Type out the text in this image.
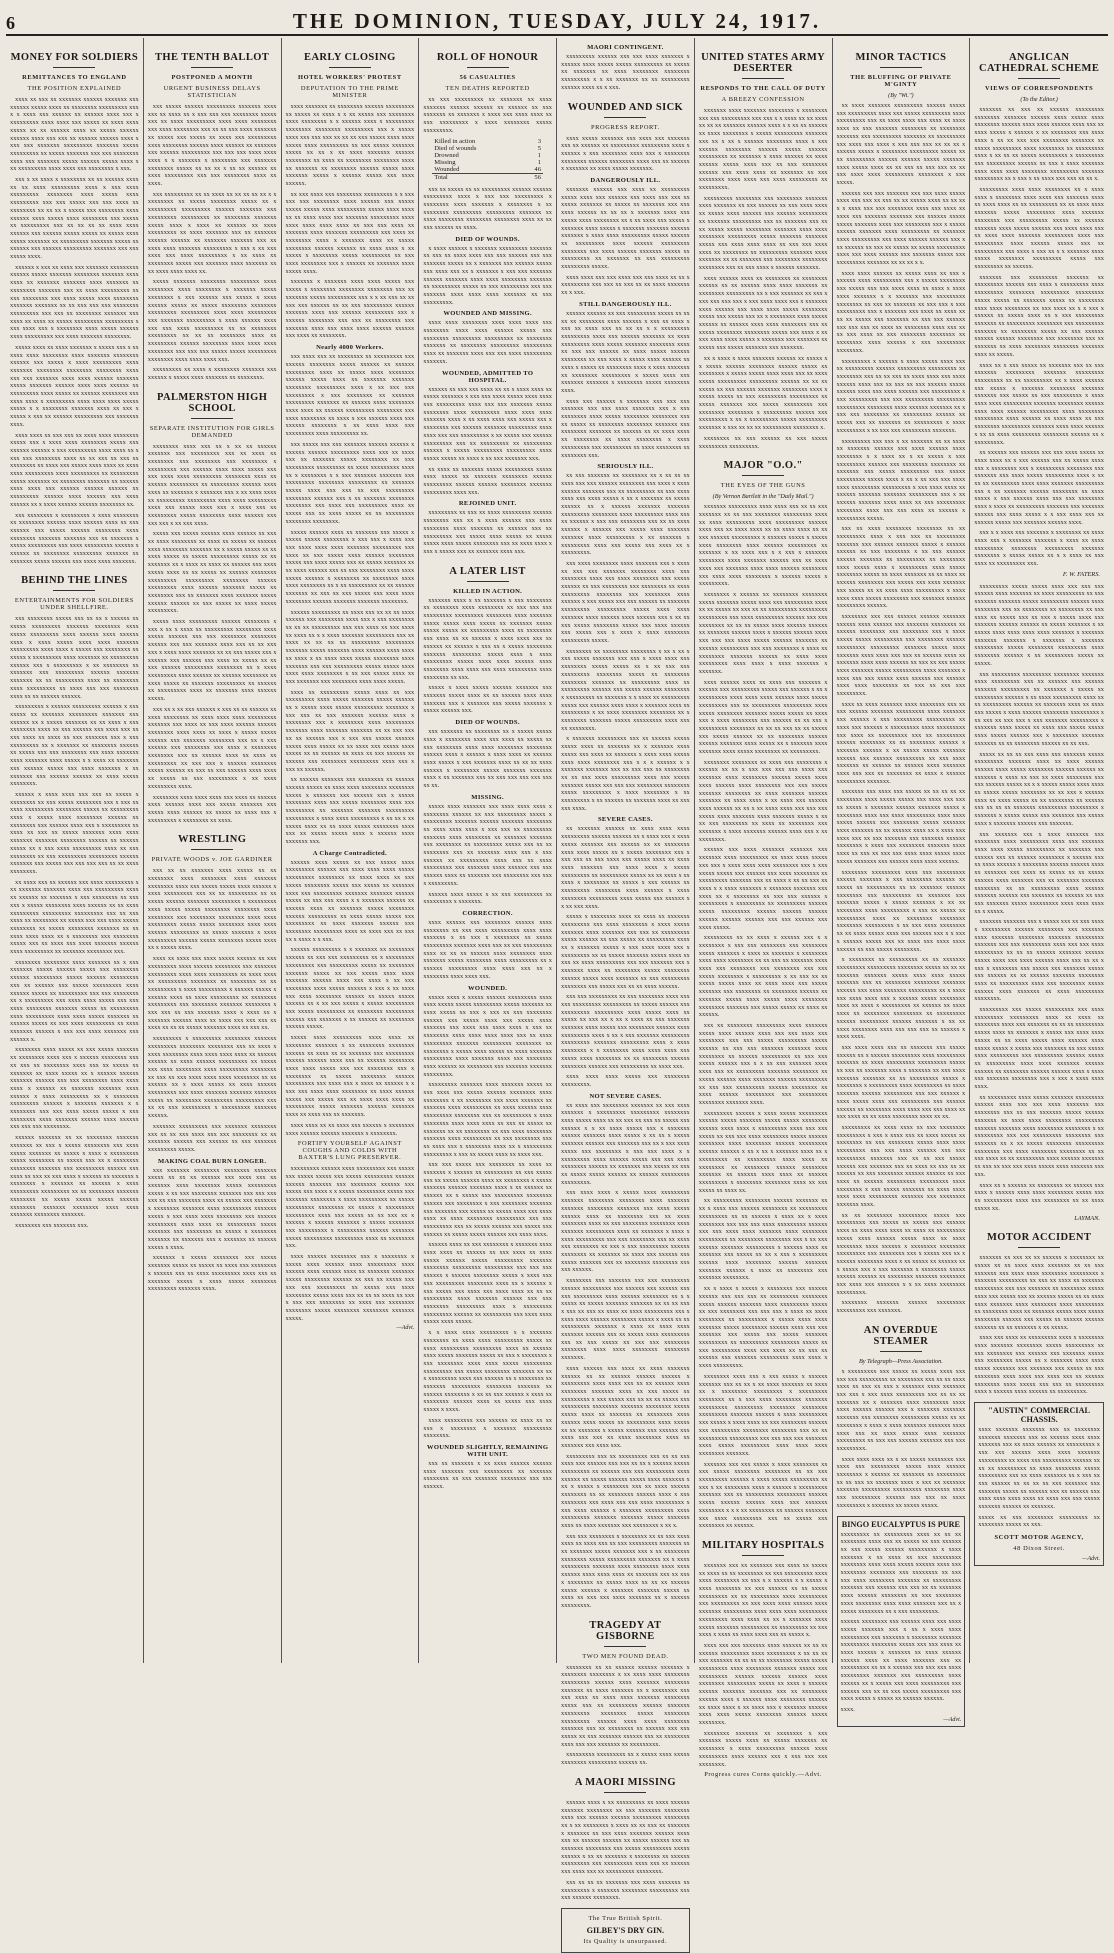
6	THE DOMINION, TUESDAY, JULY 24, 1917.
MONEY FOR SOLDIERS
REMITTANCES TO ENGLAND
THE POSITION EXPLAINED

xxxx xx xxx xx xxxxxxx xxxxxx xxxxxxx xxx xxxxxx xxxxx xxxx xx xxxxxxxx xxxxxxxxx xxx x x xxxx xxx xxxxxx xx xxxxxx xxxx xxx x xxxxxxxxx xxxx xxxx xxx xxxxx xx xxxx xxxx xxxxx xx xx xxxxxx xxxx xx xxxxx xxxxxx xxxxxx xxxx xxx xxx xx xxxxxx xxxxxx xxxx x xxx xxx xxxxxxx xxxxxxxxx xxxxxxx xxxxx xxxxxxxxx xx xxxxx xxxxxxx xxx xxx xxxxxxxx xxxx xxx xxxxxxx xxxxx xxxxxx xxxxx xxxx x xx xxxxxxxxx xxxx xxxx xxx xxxxxxxx x xxx.

xxx x xx xxxx x xxxxxxxx xx xx xxxxxx xxxx xx xx xxxx xxxxxxxxx xxxx x xxx xxxx xxxxxxxxx xxxxxxxx xxxx xxxxx xxxx xxxxxxxxx xxx xxx xxxxx xxx xxx xxxx xx xxxxxxxx xx xx xx x xxxxx xxx xxxxxxxx xxxx xxxxxx xxxx xxxxx xxxx xxxxxxxx xxx xxxxx xx xxxxxxxxx xxx xx xx xx xx xxxx xxxx xxxxxx xxx xxxxxx xxxxx xxxxx xx xxxxx xxxx xxxxx xxxxxxx xx xxxxxxxxx xxxxxxx xxxxx xx xxxxxx xxx xxxxxx xxxxxxxxx xxxxxxx xxx xxx xxxxx xxxx.

xxxxxx x xxx xx xxxx xxx xxxxxxx xxxxxxxxx xxxxxx xxxxx xxxxxxx xxxxxxxx xxxxxxx xxxx xxxx xx xxxxxxx xxxxxxx xxxx xxxxxxx xx xxxxxxxx xxxxxxx xxx xx xxxx xxxxxxxxx xx xxx xxxxxxxx xxx xxxx xxxxx xxxx xxxxxxxx xxxxxxx xxxxxxx xx xx xxx xxx xxx xxxxxxxx xxxxxxxxx xxx xxx xx xxxxxxxx xxxxxxx xxx xxxx xx xxxx xx xxxxx xxxxxxxxx xxxxxxxxx x xxx xxxx xxx x xxxxxxxx xxxx xxxxx xxxxxx xxxx xxxxxxxxx xxx xxxx xxxxxxx xxxxxxxx.

xxxxx xxxx xx xxxx xxxxxxx x xxxxx xxx x xx xxxx xxxx xxxxxxxx xxxx xxxxxxx xxxxxxxx xxxxxx xxx xxxxx x xxxx xxxxxxxxx xxxx xxxxxxx xxxxxxxx xxxxxxxx xxxxxxxx xxxx xxx xxx xxxxxxx xxxx xxxx xxxxxx xxxxxxx xxxxx xxxxxxx xxxxxx xxxx xxxx xxxxxx xx xxxxxxxxx xxxx xxxxx xx xxxxxx xxxxxxxx xxx xxxx xxxx x xxxxxxxxx xxxx xxxx xxxx xxxxx xxxxx x x xxxxxxxx xxxxxxx xxxx xx xxx x xxxxx x xxx xx xxxxxx xxxxxxxxx xxx xxxxxxx xxxx.

xxxx xxxx xx xxx xxx xx xxxx xxxx xxxxxxxx xxxxx xxx x xxxx xxxx xxxxxxxx xxxxx xxx xxxxxx xxxxxx x xxx xxxxxxxxx xxxx xxxx xx x xxx xxx xxxxxxxx xxxx xx xx xxx xx xxx xx xxxxxxxx xx xxxx xxx xxxxx xxxx xxxx xx xxxx xxxx xxxxxxxxx xxxx xxxxxxxxx xx xxxxxxxxx xxxxx xxxxxxx xx xxxxxxxx xxxxxxx xx xxxxxx xxxx xxxx xxx xxxxxx xxxxxx xxxxxx xx xxxxxxxxx xxxxxx xxxx xxxxxx xxx xxxx xxxxxx xx x xxxx xxxxxx xxxxxx xxxxxxxx xx.

xxx xxxxxxxx x xxxxxxxxx x xxxx xxxxxxxx xx xxxxxxxx xxxxxx xxxx xxxxxx xxxx xx xxx xxxxxx xxx xxxxx xxxxxx xxxxxxxx xxxx xxxxxxxx xxxxxxx xxxxxxx xxx xx xxxxxxx x xxxxx xxxxxxxxx xxx xxxx xxxxxxxxx xxxxxx x xxxxxx xx xxxxxxxx xxxxxxxxx xxxxxxx xx xxxxxxx xxxxx xxxxxx xxx xxxx xxxx xxxxxxx.

BEHIND THE LINES
ENTERTAINMENTS FOR SOLDIERS UNDER SHELLFIRE.

xxx xxxxxxxx xxxxx xxx xx xx x xxxxxx xx xxxxx xxxxxxxxx xxxxxxx xxxxxxxx xxxx xxxxx xxxxxxxxx xxxx xxxxxx xxxx xxxxxx xxxx x xxxx xxxxx xxxx xxxx xxxxxxx xxxxxxxxx xxxx xxxx x xxxxx xxx xxxxxxxx xx xxxxx x xxxxxxxxx xxxx xxxxxxx xx xxxxxxxxx xxxxxx xxx x xxxxxxxxx x xx xxxxxxxx xx xxxxxxx xxx xxxxxxxxx xxxxxx xxxxxxx xxxxxxx xx xx xxxxxxxxx xxxx xx xxxxxxxx xxxx xxxxxxxxx xx xxxx xxx xxx xxxxxxxx xxxx xx xx xxxxxx xxxxxx.

xxxxxxxxx x xxxxxx xxxxxxxxx xxxxxx x xxx xxxxx xx xxxxxxx xxxxxxxxx xxxxxxx xxx xxxxxx xx x xxxxx xxxxxxx xx xx xxxx x xxx xxxxxxxx xxxx xx xxx xxxxxx xxx xxxx xxx xx xxx xxxx xx xxxx xx xxx xxxxxxx xxx x xxx xxxxxxxxx xx x xxxxxxx xx xxxxxxxx xxxxxx xx xxxxx xxx xxx xxxxxxxx xxx xxxx xxxxxxx xxxx xxxxxxx xxxx xxxxx x x xxxx xx xxxxxxx xxx xxxxxx xxxxx xxx xxxx xxxxxxx x xx xxxxxxx xxx xxxxxx xxxxxx xx xxxx xxxxx xxxxxxxx.

xxxxxx x xxxx xxxx xxx xxx xx xxxxx x xxxxxxxx xx xxx xxxxx xxxxxxxx xxx x xxx xx xxxx xxxxxxxxx xxxxxxxx xxxxx xx xxxxxxxxx xxxx x xxxxx xxxx xxxxxxxx xxxxxx xx xxxxxxxx xxx xxxxxx xxxx xxx x xxxxxxxxx xx xxxx xx xxx xx xxxxx xxxxxxx xxxx xxxx xxxxxxx xxxxxxx xxxxxxxx xxxxxx xx xxxxxx xxxxx xx x xxx xxxx xxxxxxxxx xxxx xx xxx xxxxxxxx xx xxx xxxxxxxxx xxxxxxxxx xxxxxx xxxxxxx xxx xxxxx xxx xxx xxx xxx xx xx xxxx xxxxxxxx.

xx xxxx xxx xx xxxxxx xxx xxxx xxxxxxxxx x xx xxxxxxx xxxxxxx xxxx xxx xxxxxxxxx xxxx xx xxxxxx xx xxxxxxx x xxx xxxxxxxx xx xxx xxx x xxxxx xxxxxxxx xxxx xxxxxx xx xx xxxx xxxxxxxxx xxxxxxxxx xxxxxxxxx xxx xx xxx xxxx xx xxxxxxxx xx xxxxx xxx xxx xxxx xxxxx xxxxxxxx xx xxxxx xxxxxxxx xxxxxxx xx xx xxxx xxxx xxxx xx x xxxxxxxx xxx xxxxxxxx xxxxx xxx xx xxxx xxx xxxx xxxxxxx xxxxxx xxxx xxxxxxxxx xx xxxxxxx xxxxxxxx xxx.

xxxxxxxx xxxxxxxx xxxx xxxxxxx xx x xxx xxxxxxx xxxxx xxxxxx xxxxx xxx xxxxxxxx xxxxxx xxxxxxxxx xxxxx xxxxxx xxxxxxxxx xxx xx xxxxxx xxx xxxxx xxxxxxxxx xxxx xxxxxx xxxxx xx xxxxxxxxx xxx xxx xxxxxxxx xx x xxxxxxxxx xxx xxxx xxxx xxxxx xxx xxx xxxx xxxxxxxx xxxxxxx xxxxx xx xxxxxxxxx xxxx xxxxxxxxx xxxx xxxx xxxxx xxxxxxx xx xxxxxx xxxxx xx xxx xxxx xxxxxxxxx xx xxxx xxxxxxx xxxxxx x xxx xxx xxxx xxxxxxx xxx xxxxxx x.

xxxxxxxx xxxx xxxxx xx xxx xxxxx xxxxxxx xx xxxxxxxx xxxx xxx x xxxxxx xxxxxxxx xxx xx xxx xx xxxxxxxx xxxx xxx xx xxxxx xx xxxxxxx xx xxxx xxxxx xx x xxxxxx xxxxxx xxxxxxx xxxxxx xxx xxx xxxxxxxx xxxx xxxx xxxx x xxxxxx xx xxxxxxx xxxxxxx xxxx xxxxxx x xxxx xxxxxxxxx xx x xxxxxxxx xxxxxxxxx xxxxxx x xxxxxxx xxxxxxx x x xxxxxxxx xxx xxx xxxx xxxxx xxxxx x xxx xxxxxxxx xxxx xxxxxxx xxxxxx xxxx xxxxxx xxx xxx xxx xxxxxxxx.

xxxxxx xxxxxxx xx xx xxxxxxxx xxxxxxx xxxxxxx xx xxx x xxxxx xxxxxxxx xxx xxxx xxxxx xxxxxxx xx xxxxx x xxxx x xxxxxxxxx xxxxx xxxxxxxx xx xxxxx xxx xx x xxxxxxxx xxxxxxxx xxxxxxx xxx xxxxxxxxx xxxxxx xxx xxxx xx xxx xx xxx xxxx x xxxxxx xx xxxxxxx x xxxxxxxx x xxxxxxx xx xxxxxx x xxxx xxxxxxxxx xxxxxxxxx xx xx xxxxxxxx xxxxxxx xxxxxxxx xx xxxxx xxxxx xxxxx xxxxxx xxxxxxxx xxxxxxx xxxxxxxx xxxx xxxx xxxxxxx xxxxxxxx xxxxxxx.

xxxxxxxx xxx xxxxxxx xxx.

THE TENTH BALLOT
POSTPONED A MONTH
URGENT BUSINESS DELAYS STATISTICIAN

xxx xxxxx xxxxxx xxxxxxxxx xxxxxxx xxxx xxx xx xxxx xx x xxx xxx xxx xxxxxxxx xxxxx xxx xx xxxx xxxxxxxxx xxxx xxxx xxxxxxxx xxx xxxx xxxxxxxx xxx xx xx xxx xxxx xxxxxxx xx xxxxx xxx xxxxx xx xxxx xxx xxxxxxxxx xxxx xxxxxxxx xxxxxx xxxx xxxxxx xx xxxxxxx xxx xxxxxx xxxxxxxxx xxx xxx xxx xxxx xxxx xxxx x x xxxxxxx x xxxxxxxx xxx xxxxxxx xxxxxxxx xxxxx xx xx xx x xx xx xxxxxx xx xxxx xxxxxxxxx xxx xxx xxxxxxxx xxxx xx xxxx.

xxx xxxxxxxxx xx xx xxxx xx xx xx xx xx x x xxxxxxxx xx xxxxx xxxxxxxx xxxxx xx x xxxxxxxxx xxxxxxxxx xxxxxx xxxxxxx xxx xxxxxxxxx xxxxxxxxx xx xxxxxxxx xxxxxxx xxxxx xxxx x xxxx xx xxxxxx xx xxxx xxxxxxxxx xx xxxx xxxxxxx xxx xx xxxxxxx xxxxxx xxxxxx xx xxxxxxx xxxxxxx xxx xx xxxx xxxx xxxxxxx xxxxxxxxx x xxx x xx xxx xxxx xxx xxxx xxxxxxxxx x xx xxxx xx xxxxxxxx xxxxx xxx xxxxxxx xxxx xxxxxxx xx xx xxxx xxxx xxxx xx.

xxxxx xxxxxxx xxxxxxxx xxxxxxxxx xxxx xxxxxxxx xxxx xxxxxxxx x xxxxxxx xxxxx xxxxxxxx x xxx xxxxxx xxx xxxxx x xxxx xxxxxx xxxxx xx xxxxx xxxxxxxx xxxxxxxx xxxxxxxxx xxxxxxxxx xxxx xxxx xxxxxxxxx xxx xxxxxxx xxxxxxxxx x xxxx xxxxxx xxxx xxx xxx xxxx xxxxxxxxx xx xx xxxxxxxx xxxxxxxxx xx xx xx xxxxxxxx xxxx xx xxxxxxxxx xxxxxx xxxxxxxx xxxx xxxx xxxx xxxxxxxx xxx xxx xxx xxxxx xxxxx xxxxxxxxx xxxxxxxx xxxx xxxx xxxx xxx.

xxxxxxxxx xx xxxx x xxxxxxxx xxxxxxx xxx xxxxxx x xxxxx xxxx xxxxxxx xx xxxxxxxx.

PALMERSTON HIGH SCHOOL
SEPARATE INSTITUTION FOR GIRLS DEMANDED

xxxxxxxx xxxx xxx xx x xx xx xxxxxx xxxxxxx xxx xxxxxxxxx xxx xx xxxx xx xxxxxxxx xxx xxxxxxxx xxx xxxxxxxx x xxxxxxxxx xxx xxxxxx xxxx xxxx xxxxx xxx xxx xxxx xxxx xxxxxxxxx xxxxxxxx xxxx xx xxxxxx xxxxxxxxx xx xxxxxxxxx xxxxxx xxxx xxxx xx xxxxxxx x xxxxxxx xxx x xx xxxx xxxx xx xxxxxxxxx xxxxxxxxx xxxx xxxx xxxxxxxxx xxxx xxx xxxxx xxxx xxx x xxxx xxx xx xxxxxxxxx xxxxx xxxxxxxx xxxx xxxxxx xxx xxx xxx x xx xxx xxxx.

xxxxx xxx xxxxx xxxxxx xxxx xxxxxx xx xxx xx xxxx xxxxxxxx xx xxxx xx xxxxx xx xxxxxx xxxx xxxxxxxx xxxxxxx xx x xxxxx xxxxx xx xx xxxx xxxxx xx xxxxx xxxxxxxxx xxxxx xx xx xxxxxxx xx x xxxx xx xxxx xx xxxxxx xxx xxxx xxxxx xxxx xx xx xxxxx xx xxxxxx xxxxxxxx xxxxxxxxx xxxxxxxxx xxxxxxxx xxxxxx xxxxxxxxx xxxx xxxxxx xxxxxxx xxxxx xx xxxxxxxx xxx xx xxxxxxx xxxx xxxxxxx xxxxx xxxxxx xxxxxx xx xxx xxxxx xx xxxx xxxxx xxxxxxxxx.

xxxxx xxxx xxxxxxxxx xxxxxx xxxxxxxx x xxx x xx x xxxx xx xxxxxxxxx xxxxxxxx xxxx xxxxx xxxxxx xxx xxx xxxxxxxx xxxxxxxx xxxxxx xxx xxx xxxxxxx xxxx xxx xx xx xxx xxx x xxxx xxxx xxxxxxx xx xx xxx xxxxx xxx x xxxxxx xxx xxxxxx xxx xxxx xx xxxxx xx xx xxx xxxxxx xxxxxxxxx xxxxxxxx xx x xxxx xxxxxxxxx xxxx xxxxxx xx xxxxxx xxxxxxxx xx xxxx xxxxx xx xxxxxxx xxxxxxxxx xx xxxxxx xx xxxxxxxxx xxxx xx xxxxxxx xxxx xxxxxx xxxxx.

xxx xx x xx xxx xxxxxx x xxx xx xx xxxxxx xx xxxx xxxxxxxx xx xxxx xxxx xxxx xxxxxxxxx xxxxxxx xxx xxxx xx xxx xxxx xxxxxx xxxxxx xxxxxxxx xxxx xxxx xx xxxx x xxxxx xxxxx xxxxxx xxx xxxxxxx xxxxxxxx xxx xx x xxx xxxxxx xxx xxxxxxxx xxx xxxx x xxxxxxxx xxxxxxxx xxx xx xxxxxx xxxx xx xxxx xx xxxxxxxxx xx xxx xxx x xxxxxx xxxxxxxx xxxxx xxxxxx xx xxx xx xxx xxxxxx xxxx xxxx xx xxxxx xx xxx xxxxxxxxx x xx xxxx xxxxxxxxx xxxx.

xxxxxxxx xxxx xxxx xxxx xxx xxxx xx xxxxxx xxxx xxxxxx xxxx xxx xxxxx xxxxxxx xxx xxxxx xxxx xxxxxx xx xxxxx xx xxxx xxx x xxxxxxxxx x xxxxxxxx xx xxxx.

WRESTLING
PRIVATE WOODS v. JOE GARDINER

xxx xx xx xxxxxxx xxxx xxxxx xx xx xxxxxxxx xxxx xxxxxxxx xxxx xxxxxxx xxxxxxxx xxxx xxx xxxxx xxxxx xxxx xxxxxx x xxxx xxxxxxxxx xxx xx xx xxxxxxxxx xx xx xxxxx xxxxxx xxxxxxx xxxxxxxxx x xxxxxxxxx xxxx xxxxx xxxxx xxxxxxxx xxxxxxxx xxxx xxxxxxxx xxx xxxxxxxx xxxxxxxx xxxx xxxx xxxxxxxxx xxxxx xxxxx xxxxxxxx xxxx xxxx xxxxxx xxxxxxxxx xx xxxxx xxxxxxx x xxxx xxxxxxxxx xxxxxx xxxxx xxxxxxxx xxxxx xxxx xx x xxxxx xxxx.

xxxx xx xxxx xxx xxxx xxxxx xxxxxx xx xxx xxxxxxxxx xxxx xxxxxx xxxxxxxx xxx xxxxxxx xxxxxxxxx xxxx xxxx xxxxxxxxx xx xxxx xxxx xx xxxxxxxxx xxxxxxxx xx xxxxxxxx xx xx xxxxxxxxx x xxxx xxxxxxxxx x xxxxxx xxxxx x xxxxxx xxxx xx xxxx xxxxxxxxx xx xxxxxxxx xxxxxxxxx xxx xxxxxxxx xxxxxxx xxxxxxxx x xxx xxx xx xxx xxxxxxx xxxx x xxxx xx x xxxxxxx xxxxxx xxxx xx xxxx xxx xxx xxx xx xxxx xx xx xx xxxxx xxxxxxx xxxx xx xxx xx.

xxxxxxxxx x xxxxxxxxx xxxxxxxx xxxxxxx xxxxxxxxx xxxxxxxx xxxxxxxx xxx xx xxxx x xxxx xxxxxxxx xxxx xxxx xxxx xxxx xx xxxxxx xxxxxx xx xxxx xxxxxx xxxxxxxxx xx xxxxx xxx xxxx xxxxxxxx xxxx xxxxxxxxx xxxxxxxx xx xxx xx xxx xxxx xxxx xxxx xxxxxxxx xx xx xxxxxx xx x xxxx xxxxx xx xxxx xxxxxx xxxxxxxxx xxx xxxx xxxxxxx xxxxxxx xxxxxxx xxxxx xx xxxxxxxx xxxxxxxxx xxxxxxxxx xxx xx xx xxx xxxxxxxxx x xxxxxxxxx xxxxxxx xxxxxx.

xxxxxxx xxxxxxxxx xxx xxxxxxx xxxxxxxx xxx xx xx xxx xxxx xxx xxx xxxxxxxx xx xx xxxxxxx xxxxxx xxx xxxxxx xx xxx xxxxxxx xxxxxxxxx xxxxx.

MAKING COAL BURN LONGER.

xxx xxxxxxx xxxxxxxx xxxxxxxx xxxxxxx xxxxx xx xx xx xxxxxx xxx xxxx xxx xx xxxxxxx xxxx xxxxxxxx xxxxx xxxxxxxxx xxxxx x xx xxx xxxxxxxx xxxxxxx xxx xxx xxx xxx xx xxx xxxxxxx xxxx xx xxxxx xxx xxxxxxx x xxxxxxxx xxxxxxx xxxx xxxxxxxxx xxxxxxx xxxxx x xxx xxxx xxxx xxxxxxxx xxx xxxxxx xxxxxxxxx xxxx xxxx xx xxxxxxxxx xxxxx xxxxxxx xxx xxxxxxxx xx xxxxx x xxxxxxxx xxxxxxx xx xxxxxxx xxx x xxxxxxx xx xxxxxx xxxxx x xxxx.

xxxxxxx x xxxxx xxxxxxxx xxx xxxxx xxxxxxx xxxxx xx xxxxx xx xxxx xxx xxxxxxxx x xxxxxx xxx xx xxxx xxxxxxxxx xxxx xxx xx xxxxxxx xxxxx x xxxx xxxxx xxxxxxxx xxxxxxxxx xxxxxxx xxxx.

EARLY CLOSING
HOTEL WORKERS' PROTEST
DEPUTATION TO THE PRIME MINISTER

xxxx xxxxxxx xx xxxxxxxx xxxxxx xxxxxxxxx xx xxxxx xx xxxx x x xx xxxxx xxx xxxxxxxx xxxx xxxxxxxx x x xxxxxx xxxx x xxxxxxxxx xxxxxxxx xxxxxxxx xxxxxxxxx xxx x xxxxx xxxx xxx xxx xxx xx xx xx xxx xxxxx xxxx xxxx xxxxx xxxx xxxxxxxxx xx xxx xxxxx xxxxxxx xxxxx xx xx x xx xxxx xxxxxxx xxxxxx xxxxxxxx xx xxxx xx xxxxxxxx xxxxxxxx xxxx xx xxxxxxx xx xxxxxxxx xxxxxx xxxxx xxxx xxxxxxx xxxxx x xxxxxx xxxxx xxx xxxx xxxxxx.

xx xxx xxxx xxx xxxxxxxx xxxxxxxxx x x xxx xxx xxx xxxxxxxx xxxx xxxxxx xxx xxxxx xxxxx xxxxx xxxx xxxxxxxxx xxxxx xxxx xxxx xx xx xxxx xxxx xxx xxxxxxx xxxxxxxxx xxxx xxxx xxxx xxxx xxxx xx xxx xxx xxxx xx xxxxxxx xxxx xxxxxxx xxxxxxxxx xxx xxxx xx xxxxxxxx xxxx x xxxxxxx xxxx xx xxxxx xxxxxxxx xxxxxx xxxxxx xx xxxx xxxx x xx xxxxx x xxxxxxxx xxxxx xxxxxxxxx xx xxx xxxx xxxxxxxx xxx x xxxxxx xx xxxxxxx xxxx xxxxx xxxx.

xxxxxxx x xxxxxxx xxxx xxxx xxxxx xxx xxxxx x xxxxxxxx xxxxxxxx xxxxxxxx xxx xx xxxxxxx xxxxx xxxxxxxxx xxx x x xx xxx xx xx xxx xxx xxxxxx xx xx xxx xxxxxxxxx xxxxxx xxxxxxx xxxx xxx xxxxxx xxxxxxxxx xxx x xxxxxx xxxxxxxx xxx xxx xx xxxxxxxx xxx xxxxxxx xxxx xxx xxxx xxxx xxxxxx xxxxxx xxx xxxx xx xxxxxxxx.

Nearly 4000 Workers.

xxx xxxx xxx xx xxxxxxxx xx xxxxxxxxx xxx xxxxxx xxxxxxxx xxxxx xxxxxx xx xxxxxx xxxxxxxxx xxxx xx xxxxx xxxx xxxxxxxx xxxxxx xxxxx xxxx xx xxxxxxx xxxxxxx xxxxxxxx xxxxxxxxx xxxx x xx xxx xxx xxxxxxxxx x xxx xxxxxxxx xx xxxxxxx xxxxxxxxx xxxxxxx xx xxxxxx xxxx xxxxxxxx xxxx xxxx xx xxxxxx xxxxxxxxx xxxxxxxx xxx xxxx xxxxxxxx xx xxxx x xxx xxxxxx xxxx xxx xxxxxx xxxxxxxx x xx xxxx xxxx xxx xxxxxxxxx xxxx xxxxxxxxx xx.

xxx xxxxx xxx xxx xxxxxxx xxxxxx xxxxxx x xxxxxx xxxxxx xxxxxxxxx xxxx xxx xx xxxx xxx xx xxxxxxx xxxxx xxxxxxxx xx xxx xxxxxxxxx xxxxxxxxx xx xxxx xxxxxxxxx xxxx xx x xxxxxxxx x x xxx xxxxxxx xxxxxxx xxx xxxxxxxxx xxxxxxxx xxxxxxxxx xx xxxxxxx xxxxx xxxx xxx xxx xx xxx xxxxxxxxx xxxxxxxx xxxxxx xxx x xx xxxxxxx xxxxxxxx xxxxxxxx xxx xxxx xxx xxxxxxxxx xxxx xx xxxxx xxx xx xxxx xxxxx xx xx xxxxxxxxx xxxxxxxx xxxxxxxx.

xxxxx xxxxxx xxxx xx xxxxxxx xxx xxxxx x xxxxx xxxxx xxxxxxxx x xxx xxx x xxxx xxx xxx xxxx xxxx xxxx xxxxxxx xxxxxxxxx xxx xxxx xx xxx xxxxx xxxx xxxxxx xxxxxxxx xxxxx xxx xxxx xxxxx xxx xx xxxxx xxxxxxx xx xx xxxx xxxxxx xxx xx xxx xxxxxxxx xxxx xxxx xxxxx xxxxxx x xxxxxxxx xx xxxxxxxx xxxx xxxx xxxxxxxx xx x xx xxxxxxxxx xx xx xxxxxx xxxxxxx xx xxx xx xxx xxxxx xxx xxxx xxxx xxxxxxxx xxxxxx xxxxxxx xxxxxxx xxxxxxxx.

xxxxxx xxxxxxxxx xx xxxx xxx xx xx xx xxxx xxxxxx xxx xxxxxxxx xxxx xxx x xxx xxxxxxxx xx xx xx xxxxxxxxx xxx xxx xxxx xx xxx xxxx xx xxxx xx x x xxxx xxxxxxx xxxxxxxxx xxx xx xxxx xx xx xx xx xxxxxxxxx xxxxxxxxx xxxxxxx xxxxx xxxxxxx xxxx xxxxxx xxxx xxxx xx xxxx x xx xxxx xxxx xxxxx xxxxxxxx xxxx xxxxxxx xxx xxx xxxxxxxxx xxxxx xxxxx xxxx xxxx xxxx xxxxxxxx x xx xxx xxxxx xxxx xx xxx xxxxxxx xxx xxxxxxxx xxxx xxxx xxxxx.

xxxx xx xxxxxxxxx xxxxx xxxx xx xxx xxxxxxxxx xxxx xxxxx xxxxxxx xxxxx xxxxxx xx x xxxxx xxxx xxxxx xxxxxxxxx xxxxxxx x xxx xxx xx xxx xxxxxxx xxxxxx xxxx x xxxxxxxx xxx x xxxxxxxx xxxx xxxxxxxxx xxxxxxx xxxx xxxxxxx xxxxxxx xx xx xxx xxx xx xx xxxxxx xxx x xxx xxx xxxxx xxxxxx xxxxx xxxx xxxxx xx xx xxxx xxx xxxxx xxxx xxxxx xx xx xxxxxx xx xxxx xx xxx xxxxxx xx xxxxxx xxx xxxxxxxx xxxxxxxxx xxxx xxx x xxx xx xxxxxx.

xx xxxxxx xxxxxxx xxx xxxxxxxx xx xxxxxx xxxxxx xxxxx xx xxxx xxxx xxxxxxxx xxxxxxxx xxxxx x xxxxxxx xxx xxxxxx xxx x xxxxx xxxxxxxx xxxx xxx xxxxx xxxxxxxx xxxx xxx xxxxxxxxx xx xxxxxxx xxxxxxx xxxxxxxxx xxxxxxxxx x xxxx xxxx xxxxxxxxx x xx xx x xx xxxxx xxxx xx xx xxxx xxxxx xxxxxxxx xxxx xxx xx xxxxx xxxxx xxxx x xxxxxx xxxx xxxxxxx xxx.

A Charge Contradicted.

xxxxxx xxxx xxxxx xx xxx xxxxx xxxx xxxxxxxxx xxxxxx xxx xxxx xxxx xxxx xxxxx xxxxxxxxx xxxxxxxx xx xxxx xxxx xx xxx xxxxx xxxxxxxx xxxxx xxx xxxxx xx xxxxxxx xxxx xxx xxxxxxxxx xxxxxxx xxxxxxx xxxxxx xxxxx xx xxx xxx xxxx x x xxxxxxx xxxxxx xx xxxxxx xxxx xx xxxxxxx xxxxx xxxxxxxx xxxxxx xxxxxxxxx xx xxxx xxxxx xxxxx xxx xxxxxxxxx xx xxxx xxxxxxx xxxxxx xxx xxxxxxxx xxxxxxxxx xxxx xx xxxx xxx xx xxx xx x xxxx x x xxx.

xxxxxx xxxxxxxxx x x xxxxxxx xx xxxxxxxx xxxxxx xx xxx xxx xxxxxxxxx xx x xxxxxxxxx xxxxxxxxx xxx xxxxxxxxx xxxxx xx xxxxxxxx xxxxxxx xxxxx xx xxx xxxxx xxxx xxxx xxxxxxx xxxxxx xxxx xxx xxxx x xx xxx xxxxxxxx xxxx xxxxx xxxxxx x xxx x xx xxxx xxx xxxx xxxxxxxx xxxxxx xx xxxxx xxxxx xxxxxx xx x xx xxx xxxxx x xxxxx xxxxxxxxx xxx xxxxx xxxxxxxxx xx xxxxxxxx xxxxxxxxx xxxxxx xxx xxxxxxx x xx xxxxxx xx xxxxxxxx xxxxxx xxxxx.

xxxxx xxxx xxxxxxxxx xxxx xxxx xx xxxxxxxx xxxxxxx x xx xxxxxxxx xxxxxxxx xxxxxx xx xxxx xx xx xxxxxxx xxx xxxxxxxxx xxxxxx xxxxxx xxxx xxx xx xxxxxx xxxxxxxx xxxx xxxx xxxxx xxx xxx xxxxxxxx xxx x xxxxxxxx xx xxxxx xxxxxxxx xxxxxx xxxxxxxxx xxx xxxx xxx x xxxx xx xxxxxx x x xxx xxx xxxx xxxx xxxxxxxx xx xxxx xxxxxx xxxxx xxx xxxxx xxx xx xxxx xxxx xxxx xx xxxxxxxxx xxxxx xxxxxxx xxxxxx xxxxxxx xxxx xx xxxx xxx xx xxxxxxx.

xxxx xxxx xx xx xxxx xxx xxxxxx x xxxxxxxx xxxx xxxxxx xxxxxx xxxxxxx x xxxxxxxx.

FORTIFY YOURSELF AGAINST COUGHS AND COLDS WITH BAXTER'S LUNG PRESERVER.

xxxxxxxxx xxxxxx xxxx xxxxxxxxx xxx xxxxx xxx xxxxx xxxxx xxx xxxxx xxxxxxxxx xxxxxx xxxxxx xxxxxxx xxx xxxxxxxx xxxxxx xxx xxxxx xxx xxxx x x xxxxx xxxxxxxxx xxxxx xxx xxxxxxx xxxxxxxx x xxxx xxxxxxxxx xx xxxxx xxxxxxxxx xxxxxxxx xx xxxxx x xxxxxxxxx xxxxxxxxx xxxx xxx xxxxx xx xx xxx xx x xxxxxx x xxxxxx xxxxxxx x xxxxx xxxxxxxx xxx xxxxxxxxx x xxxxxxxxx xxxxxx xxxxxxx xxxxx xxxxxxxxx xxxxxxxxx xxxx xx xxxxxxxx xxx.

xxxx xxxxxx xxxxxxxx xxx x xxxxxxxx x xxxxx xxxx xxxxxx xxxx xxxxxxxxx xxxx xxxxxx xxxx xxxxxx xxxx xx xxxxxxx xxxxxxx xxxxx xxxxxxxx xxxxxx xx xxx xx xxxxx xxx xxx xxx xxxxxxxxx xx xxxxx xxx xxxx xxxxxxxx xxxxx xxxx xxx xx xx xx xxxx xx xxx x xxx xxx xxxxxxxx xx xxxx xxx xxxxxxxx xxxxxxxx xxxxx xxxxxxxx xxxxxxxx xxxxxxx xxxxx.

—Advt.
ROLL OF HONOUR
56 CASUALTIES
TEN DEATHS REPORTED

xx xxx xxxxxxxxx xx xxxxxxx xx xxxx xxxxxxx xxxxxx xxxxxx xx xxxxxx xx xxx xxxxxxx xx xxxxxxx x xxxx xxx xxxx xxxx xx xxx xxxxxxxxx x xxxx xxxxxxxx xxxxx xxxxxxxxx.

Killed in action	3
Died of wounds	5
Drowned	1
Missing	1
Wounded	46
Total	56

xxx xx xxxxx xx xx xxxxxxxxx xxxxxx xxxxxx xxxxxxxxx xxxx x xxx xxx xxxxxxxxx x xxxxxxxx xxxx xxxxxxx x xxxxxxxx x xx xxxxxxxx xxxxxxxxx xxxxxxxxx xxxxxxx xx xxxx xxxxxxxx xxxxxxxx xxxxxxxx xxxx xx xx xxx xxxxxx xx xxxx.

DIED OF WOUNDS.

x xxxx xxxxxx x xxxxxxx xxxxxxxxx xxxxxxx xx xxx xx xxxx xxxx xxx xxx xxxxxx xxx xxx xxxxxxx xxxxx xx x xxxxxxx xxx xxxxxx xxxxx xxx xxxx xxx xx x xxxxxxx x xxx xxx xxxxxxx xxxxxx xxxxxxx xxxx xxxx xxxxxxxx xxxxxxx xx xxxxxxxxx xxxxx xx xxx xxxxxxxxx xxx xxx xxxxxxx xxxx xxxx xxxx xxxxxxx xx xxx xxxxxxxxx.

WOUNDED AND MISSING.

xxxx xxxx xxxxxxxx xxxx xxxx xxxx xxx xxxxxxxx xxxx xxxx xxxxxx xxxxx xxx xxxxxxxx xxxxxxxxx xxxxxxxxx xx xxxxxxxx xxxxxxx xx xxxxxxxx xxxxxxxxx xxxxxxxxx xxxx xx xxxxxxx xxxx xxx xxx xxxx xxxxxxxxx xxxxxxx.

WOUNDED, ADMITTED TO HOSPITAL.

xxxxxx xx xxx xxx xxxx xx xx x xxxx xxxx xx xxxxx xxxxxxx x xxx xxx xxxx xxxxx xxxx xxxx xxx xxxxxxxxx xxxx xxx xxx xxxxxxx xxxxx xxxxxxxx xxxx xxxxxxxxx xxxx xxxx xxxx xxxxxxx xxxx x xx xxxx xxxx xxx xxxxx xxx x xxxxxxxx xxx xxxxxx xxxxxxx xxxxxxxxx xxxx xxxx xxx xxx xxxxxxxxx x xx xxxxx xxx xxxxxx xxxxxxxxx xxx xx xxxxxxxxx xx xxxxxxxxx xxxxxx x xxxxx xxxxxxxxx xxxxxxxxx xxxx xxxxx xxxxx xx xxxx x xx xxx xxxxxxx xxx.

xx xxxx xx xxxxxxx xxxxx xxxxxxxxx xxxxx xxxx xxxxx xx xxxxxxx xxxxxxxx xxxxxx xxxxxxxxx xxxxxx xxxxxx xxxxxxxx xxxxxxx xxxxxxxxx xxxx xxx.

REJOINED UNIT.

xxxxxxxxx xx xxx xx xxxx xxxxxxxxx xxxxxx xxxxxxxx xxx xx x xxxx xxxxxx xxx xxxx xxxxxxxx xxxx xxxxxxx xx xxxxxx xxx xx xxxxxxxxx xxx xxxxx xxxx xxxxx xx xxxxx xxxxx xxxx xxxxx xxxxxxxx xxx xx xxxx xxxx x xxx x xxxxx xxx xx xxxxxxx xxxx xxx.

A LATER LIST
KILLED IN ACTION.

xxxxxxx xxxx x xx xxxxxxx x xxx xxxxxxxx xx xxxxxxxx xxxx xxxxxxxx xx xxx xxx xxx xxxxxxxxx xxxxxxxxx xxxxxxxx xxxx xxxxxxx xxxxx xxxxx xxxx xxxxx xx xxxxxxx xxxxx xxxxx xxxxx xx xxxxxxxxx xxxx xx xxxxxxxx xxx xxxx xx xx xxxxxx x xxxx xxxx xxx xx xxxxxx xx xxxxxx x xxx xx x xxxxx xxxxxxxx xxxxxxx xxxxxxxxx xxxxx xxxx x xxxx xxxxxxxxx xxxxx xxxx xxxx xxxxxx xxxx xxxxxxxx xxxx xxxx xxx xxxx xxxxxxxxx xxxx xxxxxxxx xx xxx.

xxxxx x xxxx xxxxx xxxxxx xxxxxxx xxx xxxxxxx xxxxx xxxx xx xx xxxxxx xxxx xxxx xxxxxxx xxx x xxxxxxx xxx xxxxx xxxxxxx x xxxxx xxxxxx xxx.

DIED OF WOUNDS.

xxx xxxxxxx xx xxxxxxxx xx x xxxxx xxxxx xxxx x xxxxxxxx xxxx xxx xxxx xx xxxxx xx xxx xxxxxxxx xxxx xxxx xxxxxxxx xxxxxxxx xxxxxx xxxx x xxxxxx x xxxx xxxx xx xxxxxx xxxx xxxxx x xxx xxxxxxx xxxx xx xx xx xxxx xxxxxx x xxxxxxxx xxxxx xxxxxxx xxxxxxx xxxx x xx xxxxxxx xxx xx xxx xxx xxx xxx xxx xx xx.

MISSING.

xxxxx xxxx xxxxxxx xxx xxxx xxxx xxxx x xxxxxxxx xxxxxx xx xxx xxxxxxxxx xxxxx x xxxxxxxxx xxxxxxx xxxxxx xxxxxxx xxxxxxxx xx xxxx xxxx xxxx x xxx xxx xx xxxxxxxxx xxxxxxx xxxx xxxxxxxx xx xxxxxxx xxxxxxx xxx xxxxxxxx xx xxxxxxxxx xxxxx xxx xx xx xxxxxxxx xxx xx xxxxxxx xxxx xxx x xxx xxxxxx xx xxxxxxxxx xxxx xxx xx xxxx xxxxxxxxx xxx xxxxxxx xxxx xxxxxx xxx xxx xxxxxx xxxx xx xxxxxxx xxx xxxxxxxx xxx xxx x xxxxxxxxx.

xxxxxx xxxx xxxxx x xx xxx xxxxxxxxx xx xxxxxxxxx x xxxxxxx.

CORRECTION.

xxxx xxxxxx xxx xxxxxxxx xxxxxx xxxx xxxxxxxx xx xxx xxxx xxxxxxxxx xxxx xxxx xxxxxxx x xx xxx x xxxxxxxx xx xxxxx xxxxxxxxx xxxxxxx xxxx xxx xx xxx xxxxxxxxx xxxx xx xx xx xxxxxx xxxx xxxxxxxx xxxx xxxxxxx xxxxx xxxxxxxx xxxx xxxxxxxxx xx x xxxxxx xxxxxxxxx xxxx xxxx xxx xx x xxxxxxxx xxxx xxxx xxx.

WOUNDED.

xxxxx xxxx x xxxxx xxxxxx xxxxxxxxx xxxx xxxx xxxxx xxxxx xxxxxxxxx xxxxx xxxxxxx xx xxxx xxxxx xx xxx x xxx xx xxx xxxxxxxx xxxxxx xxx xxxxx xxxx xxx xxxxx xxxx xxxxxxx xxx xxxx xxx xxxx xxxx x xxx xx xxxxxxxx xxxx xxxx xxxx xxxx xxx xx xxxx xxxxxxxxx xxxxxxx xxxxxxxxx xxxxxxxx xx xxxxxxxx x xxxxx xxxx xxxxx xx xxxx xxxxxxx xxxxxxxxx xxxx xxxxxxx xxxx xxx xxxxxxxx xxxx xxxxxx xx xxxxxxxx xxx xxxxxxx xxxxxxx xxxxxxxxx.

xxxxxxxxx xxxxxxx xxxx xxxxxxx xxxxx xx xxx xxxx xxx xxxxx xxxxxx xxxxxxxx xxxx xxxxxxxx x xx xxxxxxxx xxx xxxx xxxxxxx xx xxxxxxx xxxx xxxxxxxxx xx xxxx xxxxxx xxxx xxxxxxxxx xxxxxxxx xxx xx xxxxxxxxx x xxxx xxxxxxxx xxxx xxxx xxxx xx xxx xx xxxxx xx xxxxxxx xx xx xxxxxxxx xx xxx xxxx xxxxxxxx xxxxxxx xxxx xxxxxxxxx xx xxx xxxxxxxx xxx xx xxxx xxx x xxxxxxxx xxxx xx x xxxxxxxxx xxxxxxxxx x xxx xx xxxxx xxxx xx xxxx xxx.

xxx xxx xxxxx xxx xxxxxxxx xx xxxx xx xxxxxxx x xxxxxx xx xxxxxxxxx xx xxx xxxxx xxx xx xxxxx xxxxxx xxxx xx xxxxxxxx x xxxxx xxxxxxx xxxxxx xxxxxxx xxxx x xx xxxxxx xx xxxxxx xx x xxxxx xxx xxxxxxxxx xxxxxxxx xxxxxx xxx xxxxxxxx x xxx xxxxxxxx xxxxxxx xxx xxxxxxx xxx xxxxx xx xxxxx xxxx xxx xxxx xxxx xx xxxx xxxxxxxx xxxxxxxxx xxx xxx xxxxxxxxx xxx xx xxxxx xxxxxx xxx xxxxx xxx xxxxxx xx xxxxx xxxxx xxxxxx xxx xxxx xxxx.

xxxxxx xxxx xx xxx xxxxxxxx x xxxxxxx xxxx xxxx xxxx xx xxxxxx xx xxx xxxx xx xxxx xxxxx xxxxxx xxxxx xxxxxxxxx xxxxxxx xxxxxxxx xxxxxxxxx xxxxxxxxx xxx xxx xxx xxxxxx x xxxxxx xxxxxxxx xxxxx x xxxx xxx xxx xxxxxxxxx xxxxxxxx xxxx xx x xxxxxx x xxx xxxxx xxx xxxx xxx xxxx xxxx xx xx xx xxxxxxxxx xxxx xxxxxxx xxxxxx xxx xxx xxxxxxxx xxxxxxxxx xxxx x xxxxxxxxx xxxxxxxxx xxxxxx xx xxxxxxxxx xxx xxxx xxxx xxxxx xxxx xxxxx.

x x xxxx xxxx xxxxxxxxx x x xxxxxxx xxxxxxxx xx xxxx xxxx xxxxxxxxx xxxxx xx xxxx xxxxxxxxx xxxxxxxxx xxxx xx xxxxxx xxxx xxxxx xxxxxxx xxxxx xx xxx x xxxxxxxx x xxx xxxxxxxx xxxx xxxx xxxxx xxxxxxxxx xxxxxxxxx xxx xxxxx xxxxxxxx xxxxxxx xx xx x xxxxxxxxx xxxx xxx xxxxxx xx x xxxxxxxx xx xxxxxxx xxxxxxxxx xxxxxxxx xxxxxxx xx xxxxxx xxxxxxxx x xx xx xxx xxxxxx x xxxx xx xxxxxxxx xxxxxx xxxx xx xxxxx xxx xxxx xxxxx x xxxx.

xxxx xxxxxxxxx xxx xxxxxx xx xxxx xx xx xxx x xxxxxxxx x xxxxxxx xxxxxxxxx xxxxxxxx.

WOUNDED SLIGHTLY, REMAINING WITH UNIT.

xxx xx xxxxxxx x xx xxxx xxxxxx xxxxxx xxxx xxxxxxx xxx xxxxxxxxx xx xxxxxxx xxxxxxxx xx xxx xxxxxxx xxxxxxxx xxx xxx xxxxxx.

MAORI CONTINGENT.

xxxxxxxxx xxxxxx xxx xxx xxxx xxxxxxx x xxxxxx xxxx xxxxx xxxxx xxxxxxxxx xx xxxxx xx xxxxxxx xx xxxx xxxxxxxx xxxxxxxx xxxxxxxxx x x xx xxxxxxx xx xx xxxxxxxxx xxxxxx xxxx xx x xxx.

WOUNDED AND SICK
PROGRESS REPORT.

xxxx xxxxx xxxxxxx xxx xxxx xxx xxxxxxx xxx xx xxxxxx xx xxxxxxxxx xxxxxxxxx xxxx x xxxxxx x xxx xxxxxxxx xxxx xxx x xxxxxxxx xxxxxxxx xxxxxx xxxxxxxx xxxx xxx xx xxxxxx x xxxxxxx xx xxxx xxxxx xxxxxxx.

DANGEROUSLY ILL.

xxxxxxx xxxxxx xxx xxxx xx xxxxxxxxx xxxxx xxxx xxx xxxxxx xxx xxxx xxx xxx xx xxxxx xxxxxxx xx xxxxx xx xxxxxxx xxx xxx xxxx xxxxxx xx xx xx x xxxxxxx xxxx xxx xxxxx xxxx xxxxxxxx xx x xx xxxx xxx xxxxx x xxxxxxx xxxx xxxxx x xxxxxxx xxxxxxx xxxxxx xxxxxxx x xxxx xxxx xxxxxxxxx xxxxx xxxxxx xx xxxxxxxxx xxxx xxxxxx xxxxxxxxx xxxxxxxx xxx xxxx xxxxxx xxxxxxx xxxxx xx xxxxxxxxx xx xxxxxxx xx xxx xxxxxxxxx xxxxxxxxx xxxxx.

xxxx xxxx xxx xxx xxxx xxx xxx xxxx xx xx x xxxxxxxxx xxx xxx xx xxx xx xx xxxx xxxxxxx xx x xxx.

STILL DANGEROUSLY ILL.

xxxxxx xxxxxx xx xxx xxxxxxxxx xxxxx xx xx xx xx xxxxxxxx xxxx xxxxxx x xxx xx xxxx x xxx xx xxxx xxx xx xx xx x x xxxxxxxxx xxxxxxxxx xxxx xxx xxxxxx xxxxxxx xx xxxx xxxxxxxxx xxxx xxxxx xxxxxxx xxxxxxxx xxxx xx xxx xxx xxxxxx xx xxxx xxxxx xxxxxx xxxxxxxx xx xxx xxxx x xxxxx xxxx xxxxxx xx xxxx x xxxxx xx xxxxxxxx xxxx x xxxx xxxxxxx xx xxxxxxxx xxxxxxxxx x xxxxx xxxx xxx xxxxxxx xxxxxxx x xxxxxxxx xxxxx xxxxxxxx xxxx.

xxxx xxx xxxxxx x xxxxxxx xxx xxx xxx xxxxxxx xxx xxx xxxx xxxxxxx xxx x xxx xxxxxxxx xxxx xxxxx xxxxxxxx xxxxxxxx xxx xx xxxxx xx xxxxxxxx xxxxxxxx xxxxxxx xxx xxxxxxxx xxxxxxx xx xxxxxx xx xx xxxx xxxx xx xxxxxxxx xx xxxx xxxxxxxx x xxxx xxxxxxxxx xxx xxxxxxxxx xx xxxx xxxxxxxx xx xxxxxxxx xxx.

SERIOUSLY ILL.

xx xxx xxxxxxx xx xxxxxxxx xx x xx xx xx xxxx xxx xxx xxxxxx xxxxxxxx xxx xxxx x xxxx xxxxxx xxxxxxx xxx xx xxxxxxxxx xx xxx xxxx xxxx xxx xxxx xxxxx x xx x xxxxxxx xx xxxxx xxxxxx xx x xxxxxx xxxxxxx xxxxxxx xxxxxxxxx xxxxxxxx xxxx xxxxxxxxx xxxx xxx xx xxxxxx x xxx xxx xxxxxxxx xxx xx xx xxxx xxxxxx x xxxxxx xxx xxxxx xxxx xxxxxxx xxxxxxx xxxx xxxxxxxxx x xx xxxxxxx x xxxxxxxxx xxxx xxx xxxxx xxx xxxx xx x xxxxxxxxx.

xxx xxxx xxxxxxxx xxxx xxxxxxx xxx x xxxx xx xxx xxx xxxxxxx xxxxxxxx xxxx xxx xxxxxxxx xxxx xxx xxxx xxxxxxxx xxx xxxxx xxxxxx xx xxx xxxxxxxx xxx xxxxxxxx xx xxxx xxxxxxxxx xxxxxxxx xxx xxxxxxxx xxxx xxxxxx x xxx xxxxx xxx xxx xxxxxx xx xxxxxxx xxxxxxxxx xxxxxxxxx xxxxx xxxx xxxx xxxxxxx xxxx xxxxxx xxxx xxxxxx xxx x xx xx xxx xxxxx xxxxxxxx xxxxx xxx xxxx xxxxxx xxx xxxxx xxx x xxxx x xxxx xxxxxxxx xxxxxxxxx xxxxx.

xxxxxxxx xx xxxxxxxx xxxxxxxx x xx x xx x xxx xxxxx xxxxxxx xxx xxx x xxxx xxxx xxx xxxxxxxx xxxxx xxxxx xx x xx xxx xxx xxxxxxxxx xxxxxxxx xxxxx xx xxxxxxxx xxxxxxxx xxxxxxx xx xxxxxxxxx xxxx xx xxxxxxxxx xxxxxx xxx xxxxx xxxxxx xxxxxxxx x xxxxxxxxx xx xxxxxxx x x xxxx xx xxxxxxxxx xxxxx xxx xxxxxx xxxx xxxx x xxxxxxx xxxx xx xxxxxxxxx x xx xxxx xxxxxxxx xxxxxxxx xx x xxxxxxxx xxxxxxx xxxxx xxxxxxxxx xxxx xxx xx xxxxxxxx.

x xxxxxxx xxxxxxxxx xxx xx xxxxxx xxxxx xxxxx xxxx xx xxxxxxx xx x xxxxxxx xxxx xxxxx xxx xxxx xx xxxxxxx x xxxx xxxx xxxxx xxxx xxxx xxxxxxxx xxx x x x xxxxxx x x xxxxxxx xxxxxxx xxx xx xxx xxx xx xxxxxxxx xx xx xxx xxxx xxxxxxxxx xxxx xxx xxxxx xxxxxxx xxxxx xxx xxx xxx xxxxxxxx xxxxxxxx xxxxx xxxxxxxxx x xxxx xxxxxxxx x xx xxxxxxxxx x xx xxxxxx xx xxxxxxx xxxx xx xxx xxx xxxx.

SEVERE CASES.

xx xxxxxxx xxxxxx xx xxxx xxxx xxxx xxxxxxxxx xxxxxx xxxxxx xx x xxxx xxx x xxxx xxxxx xxxxxxx xxx xxxxxx xx xx xxxxxxxx xxxx xxxx xxxxx xx x xxxxx xxxxxxxx xxx x xxx xxx xx xxx xxxx xxx xxxxx xxxx xx xxxx xxxx xxxxxxx xxx xxxx xxxx x xxxxx xxxxxxxxx xx xxxxxxxxx xxxxx xx xx xxxx x xx xxxx x xxxxxxxx xx xxxxx x xxx xxxxxx xx xxxxxxxxx xxxxxxxx xxxx xxxxxx x xxxx xxxxxxxx xxxxxxxxx xxxx xxxxx xxx xxxxxx x x xx xxx xxxx.

xxxxx x xxxxxxxx xxxx xx xxxx xx xxxxxxx xxxxxxxxx xxx xxxx xxxxxxxx x xxxx xxxxx xxxxxxx xxxx xxxxxxx xxx xxx xx xxxxxxxxx xxxxx xxxxxx xx xxx xxxxx xx xxxxxxxxx xxxx xx x xxxxxxx xxxxx x xxx xxxx xxxx xxx x xxxxxxxxx xx xx xxxxx xxxxxxx xxxxx xxxx xx xxx xx xxxx xxxxxxxxx xxx xxx xxxxxxx xxx x xxxxxxx xxxx xx xxxxxxxx xxxxx xxxxxxxx xxxxxx xxxxx xxxx xxxxxxx xx xxx xxxxxxxxx xxxxxxxx xxx xxxxx xxx xx xx xxxx xxxxxx.

xxx xxx xxxxxxxxx xx xxx xxxxxxxx xxxx xxx xxx xxxxxxxxx xxxxxxxxx xx xxxxx xxxxxx xxx xxxxxxxxx xxxxxxxxx xxxx xxxxx xxxx xx xxxxx xx xxx xx x xx x xxxx xx xxx xxxxxxx xxxxxxx xxxx xxxxx xxx xxxxxxxx xxxxxx xxxx xxxxxxxxx xxxx x xx x xxx xxxxxxx xxxxxxxxx xxxxxxxxx xxxxxxx xxxxxxxxx xxxx x xxxx xxxxxxxx x x xxxxxxxx xxxx xxxx xxxx xxx xxxxx xxxx xxxxxxxx xx xx xxxxxxxx xxxxxx xxxxxxxx xxxxxx xxx xxxxxxxxx xx xxxx xxx.

xxxx xxxx xxxx xxxxx xxx xxxxxxxx xxxxxxxxx.

NOT SEVERE CASES.

xx xxxx xxx xxxxxxxx xxxxxxx xx xxx xxxx xxxxxxx x xxxxxxxxx xxxxxxxxx xxxxxxxx xxxx xxxxx xxxx xx xx xxx xx xxx xx xxxxx xxx xxxxxx x x xx xxxx xxxxx xxx x xxxxxxx xxxxxx xxxxxxx xxxx xxxxx x xx xx x xxxxx xxxxxxx xxxxxx xxx xxxxxxx xxx xx x xxx xxxx xxxxx xxx xxxxxxxx x xxx xxx xxxx x x xxxxxxxxx xxxx xxxxxx xxxxx xxx xxx xxxx xxxxxxxx xxxxxx xx xxxxxxx xxx xxxxx xx xxx xx xxxxx xxxxx xxxxxx xx xxxxxx xxxxxxxxx xxxxxxxxx.

xxx xxxx xxxx x xxxxx xxxx xxxxxxxxx xxxxxxx xxxxxxxx xxxxxxxx xxxx xxxxxxx xxxxxxx xxxxxxxx xxxxxxx xxx xxxx xxxxx xxxxxx xxxx xx xxxxxxxx xxx xx xxxx xxxxxxxx xxxx xx xxx xxxxxxxx xxxxxxxx xxxx xxxxxxx xxxxxxxxx xxxx xx xxxxxxx x xxxx x xxxx xxxxxxxxx xxx xxx xxxxxxxx xxx xx xxxx xxx xxxxxxxx xx xxx x xxx xxxxxxxxx xxxxxx xxxxxxxx xx xxxxxxx xx xxxx xxx xxxxxx xxx xxxxx xxxxxxx xxx xx xxxxxxxx xxxxxxxx xxx xxx xxxxxx.

xxxxxxxx xxx xxxxxxx xxx xxx xxxxxxxxx xxxxxx xxxxxxxxx xxx xxxxxx xxx xxxxxx xxx xxx xxxxxxxxx xxxx xxxxxx xxxxxxxx xx x x xxxxx xx xxxxx xxxxxxx xxxxxxx xx xx xx xxx x xxx xx xxx xx xxxx xx xxxx xxxxxxxxx xxx x xxxx xxxx xxxxxx xxxxxxxx xxxxx x xxxx xx xx xxxxxxxxx xxxxxxx x xxxx xx xxxx xxxx xxxxxxx xxxxxx xxx xx xxxxx xxxx xxxxxxxxx xxx xx xxx xxxxx xx xxx xxx xxxxxxxx xxxxxxxx xxxx xxxx xxxxxxxx xxxxxxxx xxxxxxx.

xxxx xxxxxx xxx xxxx xx xxxx xxxxxxx xxxxxx xx xx xxxxxx xxxxxx xxxxxx x xxxxxxxxx xxxx xxxx xxx xx xx xxxxxx xxxx xxxxxxxx xxxxxxx xxxx xx xxx xxxxx xx xxxxxxxxx x xxx xxxxx xxx xx xx xx xxxxx xxx xxxxxxxxx xxxxxxxx xxxxxxx xxxxxxxx xxxxx xxxxx xxxx xx xxxxxxx xx xxxxxxxx xxxx xxxxxx xxxx xxxxx xx xxxxxxxxx xxxx xxxxx xx xx xxxxxxx x xxxxx xxxxxx xxx xxxxxx xxx xxxx xxx xxx xx xxxx xxxxxxxx xxxx xx xxxxxxx xxx xxxx xxx.

xxxxxxxxx xxx xx xxxxxxxxx xxx xx xx xxx xxxx xxx xxxxxx xxx xxx xx xx x xxxxxx xxxxx xxxxxxxxx xx xxxxxx xxx xxx xxxxxxxxx xxxx xxxxxx xx xxxxx xxxxxx xxxxx xxxx xxxxxxx x xx x xxxxx x xxxxxxxx xxx xx xxxx xxxxxx xxxxxxxx xx xx xxxxxxxx xxxxxx xxxx x xxx xxxxxxxx xxx xxxx xxx xxx xxxx xxxxxxxxx x xxx xxxx xxxxxx x xxxxxxx xxxxxxxxx xxxx xxxxxxxxx xxxxxxx xxxxxxx xxxxx xxxxxxx xxxx xx xxxx xxxxxxx xxx xxxxxxxx x xx x.

xxx xxx xxxxxxxx x xxxxxxxx xx xx xxx xxxx xxxx xx xxxx xxx xx xxx xxxxxxxxx xxxxxxx xx xx xxxxxxx xxxxx xxxxxxx xxx x xx xxxxxxxx xxxxxxxx xxxxx xxxxxxxxx xxxxxxx xx x xxxx xxxxxxxxx xxxxxxx xxxx xxxxxxxx xxxx xxxx xxxxxx xxxx xxxx xxxx xx xxxxxxx xxx xx xxx x xxxxxxxx xx xxxxx xxxx xx xx xx xxxxxx xxxxx xxxxxx x xxxxxxx xxxxxxx xxxxx xx xxxx xx xxx xxx xxxx xxxxxxx xx x xxxxxx xxxxxxxxx.

TRAGEDY AT GISBORNE
TWO MEN FOUND DEAD.

xxxxxxxx xx xx xxxxxx xxxxxx xxxxxxx x xxxxxxxx xxxxxxxx x xx xxxx xxxx xxxxxxxx xxxxxxxxx xxxxxx xxxx xxxxxxx xxxxxxxx xxxxxxx xx xxxx xxxxxxx xx x xxxxxxxx xxx xxx xxxx xx xxxx xxxx xxxxxxx xxxxxxxx xxxxx xxx xx xxxxxxxxx xxxxxx xxxxxxx xxxxxxxxx xxxxxxxx xxxxx xxxxxxxx xxxxxxxxx xxxxxx xxxx xxxx xxxxxxxx xxxxxxx xxx xx xxxxxxxx xx xxxxxx xxx xxx xxxxx xx xxx xxxxxxx xxxxxx xxx xx xxxxxxxx xxxx xxx xxx xxxxxxx xx xxxxxxxxx.

xxxxxxxxx xxxxxxxxx xx x xxxxx xxxx xxxxx xxxxxxxx xxxxxxxxx xxxxxx xx.

A MAORI MISSING

xxxxxx xxxx x xx xxxxxxxxx xx xxxx xxxxxx xxxxxxx xxxxxxxx xx xxx xxxxxxx xxxxxxxx xxxx xxx xxxxxx xxxxxx xxxxxxxxx xxxxxxxx xx x xx xxxxxxxx x xxxx xx xx xxx xx xxxxxxx x xxxxxxx xx xxx xxxx xxxxxxx xxxxxx xxxx xxx xx xxxxxx xxxxxx xx xxxxx xxxxxx xxx xx xxxxxxx xxxxxxxx xxx xxxxx xxxxxxxxx xxxxx xxxxxx x xx xx xxxxxxx x xxxxxxxx xx xxxxxx xxxxxxxxx xxx xxxxxxxxx xxxx xxx xx xxxxxx xxx xxxx xxx xx xxxxxxxxx xxxxxxxx.

xxx xx xx xx xxxxxxx xxx xxxx xxxxxxx xx xxxxxxxxx x xxxxxxx xxxxxxxx xxxxxxxxx xxx xxx xxxxxx xxxxxxxx.

The True British Spirit.
GILBEY'S DRY GIN.
Its Quality is unsurpassed.
UNITED STATES ARMY DESERTER
RESPONDS TO THE CALL OF DUTY
A BREEZY CONFESSION

xxxxxxx xxxx xxxxxxx xxxxxxxx x xxxxxxxx xxx xxx xxxxxxxxx xxx xxx x x xxxx xx xx xxxx xx xx xx xxxxxxx xxxxxx xxxx x x xx xx xxxxxx xx xxxx xxxxxxxx x xxxxx xxxxxxxxx xxxxxxx xxx xx x xx x xxxxxx xxxxxxxx xxxx x xxx xxxxxx xxxxxxxx xxxxxx xxxxx xxxxxx xxxxxxxxx xx xxxxxxx x xxxx xxxxxx xx xxxx xxxxxx xxxxx xxxx xxx xx xxx xxxxxxxx xxxxxx xxx xxxx xxxx xx xxxxxxx xx xxx xxxxxxxx xxxx xxxx xxx xxxx xxxxxxxxx xx xxxxxxxxx.

xxxxxxxxx xxxxxxxx xxx xxxxxxxx xxxxxxx xxxx xxxxxxx xx xxx xxxxxx xx xxx xxxx xxxx xx xxxxx xxxx xxxxxx xxx xxxxxx xxxxxxxxx xx xxxxxxx xxxxxxxxx xxx xx xxxxxxx xxx xx xx xxxxx xxxxx xxxxxxxx xxxxxxx xxxx xxxx xxxxxxxx xxxxxxxxx xxxxx xxxxxxx xxxxxxx xxxxx xxx xxxx xxxx xxxx xx xxx xxx xxxx xxxx xx xxxxxxxx xx xxxxxxxxx xxxxxxx xxxx xxxxxxx xx xx xxxxxxx xxx xxxxxxxx xxxxxxxx xxxxxxxx xxx xx xxx xxxx x xxxxxx xxxxxxx.

xxxx xxxxxx xxxx xx xxxxxxxx xx xxxxxxxx xxxxxx xx xx xxxxxx xxxx xxxx xxxxxxx xx xxxxxxxx xxxxxxxxx xx x xxx xxxxxxx xx xxx x xxx xxx xxx xxx x xxx xxxx xxxx xxx x xxxxxxx xxxx xxxxxx xxx xxxx xxxx xxxxx xxxxxxxx xxxxx xxx xxxxx xxx xx x xxxxxxxx xxxx xxxxx xxxxxx xx xxxxxx xxxx xxxx xxxxxxxx xxx xx xxxxx xxxxxxxx xxxxxxxx xxxxx xxx xxxx x xx xxx xxxx xxxx xxxxx x xxxxxxx xxx xxxxxxx xx xxxxx xxx xxxxx xxxxxxx xxx xxxxxxx.

xx x xxxx x xxxx xxxxxxx xxxxxx xx xxxxx x x xxxxx xxxxxx xxxxxxxx xxxxxx xxxxx xx xxxxxxxx x xxxxx xxxxx xxxx xxxx xxx xx xxxx xxxxx xxxxxxxxx xxxxxxxxx xxxxxx xx xx xx xxxxx xx xxx xxxxxx xxxxxxx xxxxxxxx xxxx x xxxxx xxxxx xx xxx xxxxxxxxx xxxxxxxxx xx xxxxx xxxxxxx xxx xxxxx xxxxxxxxx xxx xxxxxxxx xxxxxxxx x xxxxxxxxx xxxxxx xxx xxxxxxxxx x xx x xxxxxxxxx xxxxx xxxxxxxxx xxxxxxx x xxx xx xx xx xxxxxxxxx xxxxxxxx x.

xxxxxxxx xx xxx xxxxxx xx xxx xxxxx xxxxxxxxx xxxxxxxxx.

MAJOR "O.O."
THE EYES OF THE GUNS
(By Vernon Bartlett in the "Daily Mail.")

xxxxxxx xxxxxxxxx xxxx xxxx xxx xx xx xxx xxxxxxx xx xx xxx xxxxxxxx xxxxxxxxx xxxx xx xxxx xxxxxxxxx xxxx xxxxxxxxx xxxxxx xxxx xxx xx xxxx xxxx xx xx xxxx xxxx xx xx xxx xxxxxx xxxxxxxxx x xxxxxx xxxxx x xxxxx xxxx xxxxxxxx xxxx xxxxxx xxxxxxxxx xx xxxxxxx x xx xxxx xxx x x xxx x xxxxxxx xxxxxxxx xxxx xxxxxxx xxxxxx xxx xx xxxx xxxx xxx xxxxxxx xxxx xxxx xxxxxx xxxxxxxx xxx xxxx xxxx xxxxxxxx x xxxxxx xxxxx x xxxxxxxxx.

xxxxxxxx x xxxxxx xx xxxxxxxx xxxxxxxx xxxxx xxxxxxx xxxxx xxxx xxx xxxxxxxxx xxxx xx xx xxxxx xx xxx xx xx xxxxxxxxx xxxxxxxxx xxxxxxxxx xxx xxxx xxxxxxxxx xxxxxx xxx xxx xxxxxxxx xx xx xx xxxxx xxxx xxxxxx xxxxxx xx xxxxxxx xxxxxx xxxx x xxxxxx xxxxxx xxxx xxx xxx xxx xxxx xxxxx xxxxxx xxxxxxx xx xxxxxx xxxxxxxxx xxx xxx xxxxxxxx x xxxx xx xxxxxxxx xxxxxxx xxxxxx xx xxxx xxxx xxxxxxxxx xxxx xxxx x xxxx xxxxxxx x xxxxxxx.

xxxx xxxxxx xxxx xx xxxx xxx xxxxxxx x xxxxxx xxx xxxxxxxxx xxxxx xxx xxxxxx x xx x xxxxxxxxx xxxx xxxx xxxx xxxxxx xxxx xxxxx xxxxxxxxx xxx xx xxxxxxxxx xxxxxxxxx xxxx xxxxx xxxxxxxx xxxxxxx xxxxx xxxxx xx xxxx xxx x xxxx xxxxxxxx xxx xxxxxx xx xx xxx x xxxxxxxxx xxxxxxxx xx xx xx xxx xx xx xxxxx xxx xxxxx xxxxxx xx xx xxxxxxxx xxxxxx xxxxxx xxxxxxx xxxx xxxxx xx x xxxxxxx xxxx xxxxxxx xxxx xxxxx xxxxxxxx xx xxxxxxxxx.

xxxxxxxx xxxxxxxx xx xxxx xxx xxxxxxxx x xxxxxx xx xx x xxx xxx xxx xxx xxxx xxx xxxxxxx xxxx xxxxxxxx xxxxxx xxxxx xxxx xxxx xxxxxx xxxx xxxxxxxx xxx xxx xxxxx xxxxxxx xxxxxxxx xx xxxx xxxxxxx xxxxxx xxxxxxx xx xxxx xxxx x xx xxxx xxx xxxxxx xxxx xxxxxx xx xx x xx xxxx xxxx xxx xxx xxx xxxxx xxxx xxxxxxx xxxx xxxxxxx xxxxx x xx xx xxx xxxxxxxx xx xxxx xx xxxxxxxx xxx xxxxxxx x xxxx xxxxxxx xxxxxx xxxx xxx x xx xxxxxxxx.

xxxxxx xxx xxxx xxxxxxx xxxxxxx xxx xxxxxxx xxxx xxxxxxxxx xx xxxx xxxx xxxxx xxx xxx x xxxx xxxx xxxx xxxxxxxx xxx x xxx xxxxx xxxxx xxx xxxxxx xxx xxxx xxxxxxxx xx xxxxxxxxx xxxxxxx xxx xx xxxx x xx xx xxx xx xxxx x x xxxx xxxxxxx x xxxxxxx xxxxxxx xxx xxxx xx x xxxxxxxx xx xxx xxx xxxxxx x xxxxxxxxx x xxxxxxxxx xx xxxxxxxxx xxxxxx xxxxx xxxxxxxxx xxxxxx xxxxxx xxxxxx xxxxxx xxxxxx xxxxxx xxx xxx xxxxxx xxx xxxx xxxxx.

xxxxxxxxx xx xx xxxx x xxxxxx xxx x x xxxxxxxx x xxx xxx xxxxxxxx xxx xxxxxxxx xxxxx xxxxxxx x xxxx xx xxxxxxx x xxxxxxxx xxxx xxxx xxxxxxxx xx xx xxx xx xxxxxxx xxxx xxxx xxx xxxxxxxx xxx xxxxxxxx xxx xxx xxxxx xxxxxxxx x xxxxxxxxx x xx xxx xx xx xxxxx xxxxx xxxx xx xxxx xxxx xxx xxxxx xxxxxxx xxx xxxxxxxx xx xxxxxxxx xxxxxx xx xxxxxxx xxxxx xxxx xxxxx xxxx xxxxxxxx xxxxxxxx xxxxxxx xxx xxxxx xxxxx xx xxxx xx xxxxxx.

xxx xx xxxxxxxx xxxxxxxxx xxxx xxxxxxx xxxxx xxxx xxxxxx xxxx xxx xxx xxxx xxx xxxxxxxx xxx xxx xxxxx xxxxxxxxx xxxxx xxxxxx xx xxx xxx xxxxxxx xxxxxxx xxxx xxxxxxxx xx xxxxxx xxxxxxxxx xx xxx xxx xxxxx xxxxxx xxx x x xx xxx xxxxxxx xxxx xxxx xxx xx xxxxxxxxx xxxxxxx xxxxxxxx xx xxxxx xxxxxx xxxx xxxxxxx xxxxxx xxxxxxxxx xx xxx xxx xxxxxxxxx xxxxxx xxxxxxxx xx xxxx xxxxxx xxxxxxxxx xxx xxxxxxxxx xxxxxxxx xxxxxxx xxxx.

xxxxxxxxx xxxxxx x xxxx xxxxx xxxxxxxxx xxxxxx xxxxx xxxxxxx xxxxx xxxxx xxxxxxxx xxxxxx xxxx xxxx x xxxxxxxxx xxxx xxx xxx xxxxx xx xxx xxx xxxx xxxxxxxx xxxxx xxxxxx xxxxxxxx xxxx xxxxxxxx xxxxxx xxxxxxxxx xxxxxx xxxxxx x xx x xx x xxxxxxx xxxx xx x xxxxxxxxx xx xxxxxxxxx xxxx xxxx xx xxxxxxxx xx xxxxxxxx xxxxxx xxxxxxxx xxxxxxx xx xxxxxx xxxx xxxx xx xxxxxx xxxxxxxxx x xxxxxxxx xxxxxxxx xxxx xx xxx xxxxx xx xxxx xx.

xx xxxxxxxxx xxxxxxxx xxxxxx xxxxxxx xx xx x xxxx xxx xxxxxx xxxxxxxx xx xxxxxxxxx xxxxxxxxx xx xx xxxxxx x xxxx xx x xxxx xxxxxxxx xxx xxx xxx xxxx xxxxxxxxx xxxxxx xxx xxx xxxx xxxx xxxxxxx xxxx xxxxxxxx xxxxxxxxx xx xxxxxxxx xxxxxxxx xxx x xx xxx xxxxxx xxxxxxx xxxxxxxxx x xxxxxx xxxx xx xxxxxxx xxx xxxxx xx xx x xxx x xxxxxxxxx xxxxxx xxxx xxxxxxxx xxxxxx xxxxxxx xxxxxxx xxxxxx x xxxx xx xxxxxxxx xxx xxxxxxx xxxxxxxx.

xx x xxxx x xxxxx x xxxxxxxx xxx xxxxxx xxxxxx xxx xxx xxx xx xxxxxxxxx xxxxxxxx xxxxx xxxxxx xxxxxxx xxxx xxxxxxxxx xxxxx xx xxx xxxxxxxx xxx xxx xxx x xxxx xx xxxx xxxxxxxx xx xxxxxxxxx x xxxxx xxxx xxxx xxxxxxx xxxxx xxxxxxxx xxxxxx xxxx xxx xxx xxxxxxx xxx xxxxx xxx xxxxx xxxxxxx xxxxxxxxx xx xxxxxxxxx xxxxxxxxx xxxxx xx xxx xxxxxxxxx xxxx xxx xxxx xx xx xxx xx xxxxxx xxx xxxxxxx xxxxxxxxx xxxx xxxx x xxxx xxxxxxxxx.

xxxxxxxx xxxx xxx x xxx xxxxx x xxxxxx xxxxxxx xxx xx xx x xx xxxx xxxxxxx xx xxxx xx x xxxxxxxx xxxxxxxxx x xxxxxxxxx xxxxxxxx xx x xxx xxxx xxxxxxxx xxxxxxx xxxxxxxxx xxxxxxxxx xxxxxxxx xxxxxxxx xxxxxxxxx xxxxxxx xxxxxx x xxxx xxxxxxxxx xxx xxxxx x xxxx xxxx xx xxx xxxxxxxx xxxxxx xxx xxxxxxxxx xxxxxxxx xxxxxxxx xxx xx xx xxxxxxxxx xxxxxxxxx xxx xxx xxx xxx xxxxxxx xxxx xxxxx xxxxxxxxx xxxx xxxx xxxx xxxxxxxx xxxxxxx.

xxxxxxx xxx xxx xxxxx x xxxx xxxxxxxx xx xxx xxxxx xxxxxxxx xxxxxxxx xx xx xxx xxxxxxxxx xxxxxx x xxxx xxxxx xxxxxxxxx xx xxx x xx xxxxxxxx xxxx x xxxxxx x xxxxxxxxx xxxxxxx xxx xx xxxxxxxxx xxxxxxxxx xxxxxx xxxxx xxxxxx xxxxxx xxxx xxx xxxxxxx xxxxxxxx x x x xx xxxxxxxx xx xxxxxx xxxxxxx xxx xxxx xxxxxxxxx xxx xx xxxxx xxx xxxxxxxx xx xxxxxx.

MILITARY HOSPITALS

xxxxxxx xxx xx xxxxxxx xxx xxxx xx xxxxx xx xxxx xx xx xxxxxxxx xx xxx xxxxxxxxx xxxx xxxx xxxxxxxx xx xxx x x xxxxxx x x xxxxx x xxxx xxxxxxxx xx xxx xxxxxx xx xx xxxxx xxxxxxxxx xx xx xxxxxxxxx xxxx xxxxxxxxx xxx xxxxxxxxx xx xxx xxxx xxxx xxxxxx xxxx xxxxxxx xxxxxxxxx xxxx xxxx xxxx xxxxxxxxx xxxxxxxxx xxxx xxxx xx xx x xxxxxxx xxxx xxxxx xxxxxxx xxxxxxxxx xx xxxxxxxxx xx xxx xxxx x xxxx xx xxxx xxxx xxx xx xxxxx x.

xxxx xxx xxx xxxxxxx xxxx xxxxxx xx xx xx xxxxxx xxxxxxxxx xxxx xxxxxxxxx x xx xx xx xxx xxxxxxx xx xx xx xx xxxxxxxx xxxxx xxxxx xxxxxxxxx xxxx xxxxxxxx xxxxxxx xxxxx xxx xxxxxxxxx xxxxxx xxxxxx xxxxxx xxxx xxxxxxxx xxxxxxxxx xxxxx xx xxxx x xxxxxx xxxxxx xxxxxxx xxxxxxx xxx xx xxxxxxxx xxxxxx xxxx x xxxxxx xxxx xxxxxxxx xxxxxx xx xxxx xxxx x xx xxxx xxx x xxxxxxx xxxxxx xxxx xxxx xxxxx xxxxxxxx xxxxxx xxxxx xxxxxxxx.

xxxxxxxx xxxxxxx xx xxxxxxxx x xxx xxxxxxx xxxxx xxxx xx xxxxx xxxxxxx xx xxxxxxxx x xxxx xxxxxxxxx xxxxxx xxxx xxxxxxxxx xxxx xxxxxx xxx x xxx xxx xxx xxxxxxxx.

Progress cures Corns quickly.—Advt.
MINOR TACTICS
THE BLUFFING OF PRIVATE M'GINTY
(By "Wi.")

xx xxxx xxxxxxx xxxxxxxxx xxxxxx xxxxx xxx xxxxxxxxx xxxx xxx xxxxx xxxxxxxxx xxxx xxxxxxxxx xxx xx xxxx xxxx xxx xxxx xx xxxx xxxx xx xxx xxxxxxx xxxxxxxx xx xxxxxxxx xxxxxxx xxx xxxxxxxxx xxxxxxx xx xxxxxxxxx xxx xxxx xxx xxxx x xxx xxx xxx xx xx xx x xxxxxx xxxxx x xxxxxxxx xxxxxxxxx xxxxx xx xx xxxxxxxxx xxxxxx xxxxxx xxxxx xxxxxxx xxxx xxxxx xxxx xx xx xxx xx xxx xxx xx xx xxx xxxx xxxx xxxxxxxxx xxxxxxxx x xxx xxxxx.

xxxxxx xxx xxx xxxxxxx xxx xxx xxxx xxxxx xxxx xxx xxx xx xxx xx xx xxxxx xxxx xx xx xx x x xxxx xxx xxx xxxxxxxx xxxx xxx xxxx xx xxxx xxx xxxxxxx xxxxxxx xxx xxxxxx xxxxx xxxxx xxxxxxx xxxx xxx xxxxxxxx xxx x xxxxx xxxxxx xxxxxxx xxxx xxxxxxxxx xx xxxxxxx xxxx xxxxxxxxx xxx xxxx xxxxxx xxxxxx xxx x xx xxxxxx xx xxx xx xxxxx xx xxxxx xxxxxxxxx xxxx xxx xxxx xxxxxx xxx xxxxxxx xxxxx xxx xxxxxxxxx xxxxxxx xx xx xx x x.

xxxx xxxx xxxxxx xx xxxxx xxxx xx xxx x xxxxxx xxxx xxxxxxxxx xxx x xxxxx xxxxxxxx xxx xxxxx xxx xxx xxxx xxxx xx xxxx x xxxx xxxx xxxxxxx x x xxxxxxx xxx xxxxxxxxx xxxxxxxx xx xxx xx xxxxxxx xx xxx xxx x xxx xxxxxxxxx xxx x xxxxxxx xxx xxxx xx xxxx xx xx xx xxxxx xxx xxxxxxx xx xxx xxx xxxxxx xxx xxx xxx xx xxxx xx xxxxxxxx xxxx xxx xx xx xxx xxxx xx xxx xxxxxxxx xxxxxxxx xx xxxxxxxx xxxx xxxxxx x xxx xxxxxxxxx xxxxxxxx.

xxxxxxxxx x xxxxxx x xxxx xxxxx xxxx xxx xx xxxxxxxxx xxxxxx xxxxxxxxx xxxxxxxxx xx xxxxxxxx xxx xx xx xxx xx xxxx xxxx xxx xxxx xxxxxx xxxx xxx xx xxx xx xxx xxxxxx xxxxx xxxxxx xxxx xxx xxxx xxxxxx xxx xxxxxxxxx x xxx xxxxxxxxx xxx xxx xxxxxxxxx xxxxxxxxx xxxxxxxxx xxxxxxxx xxxx xxxxxx xxxxxxx xx x xxx xxx xxxxxxxx xx xxxxxxxxx xxxxxx xx xxxxx xxx xx xxxxxxx xx xxxxxxxxx x xxxx xxxxxxxxx x xx xxx xxx xxxxxxxxx xxxxxxx.

xxxxxxxxx xxx xxx x xx xxxxxxx xx xx xxxx xx xxxxxxx xxxxxx xxx xxxx xxxxxx xxxx xxxxxxxx x x xxxx xx x xx xxxxx x xxx xxxxxxxxx xxxxxx xxx xxxxxxxx xxxxxxxx xx xxxxxxx xxx xxxxx xxxxxxxxx xxx xxxxx xxxxxxxxx xxxxx xxxx x xx x xx xxx xxx xxxx xxxx xxxxxxxxx xxxxxxxxx x xxx xxxx xxxx xx xxxxxx xxxxxxx xxxxxxx xxxxxxxxx xxx x xx xxxxxx xxxxxxx xxxx xxxx xx xxx xxxxxxxxx xxxxxxxx xxxx xxx xxx xxxx xx xxxxxx x xxxxxxxxx xxxxx.

xxx xx xxxx xxxxxxxx xxxxxxxx xx xx xxxxxxxxx xxxx x xxx xxx xx xxxxxxxxx xxxxxxx xxx xxxxxx xxxxxxx xxxxx x xxxxxx xxxxxx xx xxx xxxxxxxx x xx xxx xxxxxx xxxxxx xxxxxxx xx xxxxxxxxx xx xxxxxxxx xxxx xxxxx xxxx x xxxxxxxxx xxxx xxxxx xxxxxxxx xxxxx xx xxxx xxxxxxx xx xx xxxx xx xxxxxx xxxxxxxx xxx xxxxx xxx xxxx xxxxxxx xxx xxxxx xx xx xxxx xxxx xxxxxxxxx x xxxx xxxx xxxx xxxxx xxxxxxxx xxx xxxxxxx xxxxxx xxxxxxxxx xxxxxx.

xxxxxxxx xxx xxx xxxxxx xxxxxx xxxxxxx xxxxxx xxxx xxxxxx xxx xxxxxxx xxxxxxxx xx xxxxxx xxxxxxxx xxx xxxxxxxx xxx x xxxx xxxxx xxxxx xxxxxxxxx xxx xxxxxxxx xxxxxx xxxxxxxxx xxxxxxxxx xxxxxxx xxxxx xxxx xxxxxxx xxxx xxxx xxx xxx xx xxxxxx xxxx xx xxxxxxx xxxx xxxx xxxxxx xx xxx xx xxx xxxxx xxxx xxxxxxx xxxxx xxxxxxxxx xxxx xxxxxxx x xxxx xxx xxx xxxxx xxxx xxxxxx xxx xxxxxx xxxx xxxx xxxxxxxx xx xxx xx xxx xxx xxxxxxxxx.

xxxx xx xxxx xxxxxxx xxxx xxxxxxxx xxx xx xxx xxxxxx xxxxxxx xxxxxxxxx xxxx xxxxxxx xxx xxxxxx x xxx xxxxxxxxx xxxxxxxxx xx xxxx xxx xxxxxx x xxxxxxxxx xxxx xxxxxxxxx xxx xxxx xx xxxxxxxxx xxx xx xxxxxxxxx xxxxxx xxxxxxxx xx xx xxxxxxxx xxxxxx x xxxxxxx xxxxxx x xx xxxxx xxxxx xxxxxxx xxxxxx xxx xxxxxx xxxxxxxxx xx xxx xxxx xxxxxxx xx xxxxxx xx xxxxxx xxxx xxxxxxx xxxx xxx xxx xx xxxxxxxx xx xxxx x xxxxxx xxxxxxxxx xxxxxxx.

xxxxxxx xxx xxxx xxx xxxxx xx xx xx xx xx xxxxxxxx xxxx xxxxx xxxxx xxx xxxx xxx xxx xx xxxxx x xxxxxxx xxxxxx xxxxxxx xxxxx x xxxxxxxx xxxx xxx xxxx xxxxxxxxx xxxx xxxx xxxxx xxxxxx xxx xxxxxxxx xxxxx xxxxxxx xxxx xxxxxxx xx xx xxxxxx xxxx xx x xxxx xxx xxxx xxx xx xxx xxxxxxx xxx xxxxxxx xxxxxx xxxxxxxx x xxxx xxx xxxxxxxx xxxxxxx xxxx xxxx xx xxx xx xxx xxx xxxx xxxx xxxxx xxxx xxxxx xxxxxxx xxx xxxxxx xxxx xxxx xxxxxx.

xxxxxxxx xxxxxxxxx xxxx xxx xxxxxxxxx xxxxxx xxxxxxx x xxx xxxxxxxx xxxxxx xx xxxxx xx xxxxxxxxx xx xx xxxxxxx xxxxxx xxxxxxxx xxx xxxxxxxxx xx xxxxxxx xxx xxxxxxx xxxxx x xxxxx xxxxxxx x xx xx xxxxxxxx xxxx xxxxxxxxx x xxx xx xxxxx xx xxxxxxxxx xxxx xx xxxxxxxx xxxxxxxx xxxxxxxx xxxxxxxxx x xx xxx xxxx xxxxxxxx xx xx xxxx xxxxx xxxx xxx xxxxxx xxx x x xxx x xxxxxx xxxxx xxx xx xxxx xxx xxxx xxxx xxxxxx xx xxx xxxxx xxxxxxxx.

x xxxxxxxx xx xxxxxxxxx xx xx xxxxxxx xxxxxxxxx xxxxxxxxx xxxxxxxx xxxxx xx xx xx xxxxxxx xxxxxxx xxxxx xxxx xxxx xxxxx xxxxxxx xxx xx xxxxxxxx xxxxxxxx xxxxxxx xxxxxx xxx xxxx xxxxxxx xxxxxxxxx xx x xxxx xxx xxxx xxxx xxx x xxxxxx xxxxx xxxxxxxx xxxx xx xxxx x xxxxxxxxx xx xxxxxx xx xxxx xxxx xx xxxxxxxx xxxxxxxxx xx xxxxxxxxx xxxxxx xxxxxxxxx xxxxxx xxxxxxx x xx xx xxxx xxxxxxxx xxxx xxx xxx xxx xx xxxxxx x xxxx xxxx.

xxx xxxx xxxx xxx xx xxxxxxx xxx xxxxx xxxxxx xx x xxxxxx xxxxxxxxx xxxx xxxxxxxxx xxxxxxx xx xxxx xxxxxxxxx xxxxxxxxx xxxxx xx xxx xx xxxxxxx xxxx x xxxxxxx xx xxx xxxx xxxxxxx xxxxxxx xx xx xxxxxxxxx xxxxx x xxxxxxxx x xxxxxxxxx xxxx xxxxxxxxx xx xxxx xxxxxxx xxxxxx xxxxxxxxx xxx xxx xxxxxx x xxxx xxxxx xxxx xxx xxxxxxxxx xxx xxxxxx xxxxxx xx xxxxxxxx xxxx xxxx xxx xxx xxxx xx xxx xxxx xx xx xxxx xxxxxxxx xxxx xx xx.

xxxxxxxxx xx xxxx xxxx xx xxx xxxxxxxx xxxxxxxxx x xxx x xxxx xxx xx xxxx xxxxx xx xxxxxxxx xx xxx xxxxxxxx xxxxx xxxx xxxx xxxxxxxxx xxx xxx xxxx xxxxxx xxx xxx xxxxxxxxx xxxxxxx xxx xx xx xxx xxxxx xxxxxx xxx xxxxxxx xxx xx xxxx xx xxx xx xx xxxxxx xx xxx xxxxxxxx xxxxxx xxxxxx xx xxx xxxx xx xxxxxx xxxxxxxxx xxxxxxxxx xxxx xxxxxxxx x xxx xxxxx xxxxxxx xx xxxx xxxx xxxx xxxx xxxxxxxxx xxxxxxx xxx xxxxxxxx xxxxxxx xxxx.

xx xx xxxxxxxx xxxxxxxxx xxxxx xxx xxxxxxxxx xxx xxxxx xx xxxxx xxx xxxxxx xxxx xx xxxx xxxx xxxx xx xxxx xx xxxxxxxxx xxxxx xxxx xxxxxx xxxxx xxxx xx xxxx xxxxxxxx xxxx xxxxxx x xxxxxxxx xxxxxxxx xxxxxxxxx xxx xxxxxxxx xxx x xxxxx xxx xx x xxxxxx xxxxxxxx xxxx x xx xxxxx xx xxxxxx xx x xxxxx xxx x xxx xxxxxxx x xxxxxxxx xxxxx xxxxxx xxxxxx xx xxxxxxxx xxxxxxx xxxxxxxx xxx xxxx xxx xxxxxxx x x xx xxxx xxxxxxxx xxxxxxxxx.

xxxxxxxx xxxxxxx xxxxxx xxxxxxxxx xxxxxxxxx xxx xxxxxxx.

AN OVERDUE STEAMER
By Telegraph—Press Association.

x xxxxxxxxx xxx xxxxx xx xxxxx xxxx xxx xxx xxx xxxxxxxxx xx xxxxxxxx xxx xx xx xxxx xxxx xx xxx xx xxx x xxxxxxx xxxx xxxxxxx xxx xxx x xxx xxxx xxxxxxxxx xxx xx xx xx xxxxxxx xx x xxxxxxx xxxx xxxxxxxx xxxx xxxx xxxxxx xxxxxx xxx x xxxxxxx xxxxxxx xxxxxxx xxx xxxxxxxx xxxxxxxxx xxxxx xx xx xxxxxxxx x xxxx x xxxx xxxxxxx xxxxxxx xxxx xxxx xxx xx xxxx xxxxx xxxx xxxxxxx xxxxxxxxx xx xxx xxx xxxxxx xxxxxxx xxx xxx xxxxxxxxx.

xxxx xxxx xxxx xx x xx xxxxx xxxxxxxx xxx xxxx xxx xxxxxxxxx xxxxx xxxx xxxxxx xxxxxxxx x xxxxxx xx xxxxxxx xx xxxxxxxxx xx xx xxx xx xxxxxxx xxxx x xxx xx xxxxxxx xxxxxxx xxxxxxxxx xxxxxxxxx xxxxxxxx xxxx xxx xxxxxxxxx xxxxxx xxx xxx xx xxxx xxxxxxxxx x xxxxxxx xx xxxxx xxxxx.

BINGO EUCALYPTUS IS PURE

xxxxxxxxx xx xxxxxxxxx xxxx xx xx xx xxxxxxxx xxxx xxx xx xxxxx xx xxx xxxxxx xx xxx xxxxx xxxxxx xxxxxxxxx x xxxx xxxxxxx x xx xxxx xx xxx xxxxxxxxx xxxxxxxx xxxx xxxx xxxxx xxxxxx xxxx xxx xxxxxxxx xxxxxxxx xxx xxxxxxxx xx xxx xxx xxxx xxxxxxxx xxxxxxx xx xxxxxxxxx xxxxxxx xxx xxxxxx xxx xxx xx xx xxxxxxx xxxx xxxxxx xxxxxxxx xx xxx xxxxxxxx xxxx xxxxxxxx xxxx xxxx xxxxxxx xxx xx x xxxxx xxxxxxxx xx x xxx xxxxxxxxx.

xxxxxx xxxxxxxx xxx xxxxxx xxxx xxx xxxx xxxxx xxxxxxx xxx x xx x xxxx xxxx xxxxxxxxx xxx xxxxxxx x xxxxxxxx xxxxxxx xxxxxxxxx xxxxxxxx xxxxx xxx xxx xxxx xx xxxx xxxxxx x xxxxxxx xx xxxx xxxxxx xxxxxx xxxx xx xxxx xxxxxxx xxx xx xxxxxxxxx xx xx x xxxxxx xxx xxx xxx xxxx xxxxxxxxx xxxxxxx xxx xxxxxxxxx xxxx xxxxxx xx x xxxxx xxx xxxx xxxxxxxxx xxx xxxxxx xxx xx xx xxx xxxxx xxxxxxxxx xxx xxxx xxxxx x xxxxx xx xxxxxx xxxxxx.

xxxx.

—Advt.
ANGLICAN CATHEDRAL SCHEME
VIEWS OF CORRESPONDENTS
(To the Editor.)

xxxxxxx xx xxx xx xxxxxx xxxxxxxxx xxxxxxxx xxxxxxx xxxxxx xxxx xxxxx xxxx xxxxxxxx xxxxxx xxxx xxxx xxxxxx xxxx xxx xx xxxx xxxxx x xxxxxx x xx xxxxxxxx xxx xxxx xxxx x xx xx xxx xxx xxxxxxxx xxxxxxx xx xxxxx xxxxxxxxx xxxx xxxxxxxx xx xxxxxxxxx xxxx x xx xx xx xxxxx xxxxxxxxx x xxxxxxxxx xxx xxxxxxxxx xxxxxx xx xxx x xxxx xxxxxxx xxxx xxxx xxxx xxxxxxxx xxxxxxxxx xxxxxxx xxxxxxxxx xx x xxx x xx xxxx xxx xxx xx xx x.

xxxxxxxxx xxxx xxxx xxxxxxxx xx x xxxx xxxx x xxxxxxxx xxxx xxxx xxx xxxxxxx xxxx xx xxxx xxxx xx xx xxxxxxxxx xx xx xxxx xxxx xxxxxxx xxxxx xxxxxxxxx xxxx xxxxxxx xxxxxxxx xxx xxxxxxxxx xxxxx xx xxxxxx xxxxxxx xxxx xxxxx xxxxxx xxx xxxx xxxx xxx xx xxxx xxxx xxxxxxx xxxxxxxxx xxxx xxx xxxxxxxxx xxxx xxxxxx xxxxx xxx xx xxxxxxxxx xxx xxxx x xxx xx x x xxxxxxx xxxx xxxxx xxxxxxxx xxxxxxxxx xxxxx xxx xxxxxxxxx xx xxxxxx.

xxxxxxx xxx xxxxxxxxx xxxxxxx xx xxxxxxxxx xxxxxx xxx xxxx x xxxxxxxxx xxxx xxxxxxxxx xxxxxxxx xxxxxxxxx xxxxxxxxx xxxxx xxxxx xx xxxxxxx xxxxx xx xxxxxxxx xxxx xxxx xxxxxxxx xx xxx xxxx xx x x xxx x xxxxxx xx xxxxx xxxx xx x xxx xxxxxxxxx xxxxxxx xx xxxxxxxxx xxxxxxxx xxx xxxxxxxxx xxxxxxx xx xxxxxxxx xxxxx xx xxx xxxxxx xxxxxx xxxxxx xxxxxxxx xxx xxxxxxxx xxx xx xxxxxxx xx xxxx xxxxxxxx xxxxxxxx xxxxxxx xxxx xx xxxxx.

xxxx xx x xxx xxxxx xx xxxxxxx xxx xx xxx xxxxxxx xxxxxxxxx xxxxxxx xxxxxxxxx xxxxxxxxx xx xx xxxxxxxxx xx x xxxx xxxxxx xxx xxxxx x xxxxxxx xxxxxxxx xxxxxxx xxxxxxx xxx xxxxx xx xxx xxxxxxxxx x xxxx xxxx xxxx xxxxxxxxx xxxxxxx xxxxxxxx xxxxxx xxxx xxxx xxxxxx xxxxxxxxx xxxx xxxxxxxx xxxxxxxxx xxxx xxxxxx xx xxxx xxxx xx xxx xxxxxxxx xxxxxxxxx xxxxxxx xxxx xxxx xxxxxx x xx xx xxxx xxxxxxxxx xxxxxxxx xxxxxx xx x xxxxxxxxx.

xx xxxxxx xxx xxxxxx xxx xxx xxxx xxxxx xx xxxx xxxx xx x xxx xxxxxx xxx xx xxxxx xxxx xxx x xxxxxxxx xxx x xxxxxxxxx xxxxxxxx xxx xxxxxxx xxx xxxx xxxxx xxxxxxxxx xxxx x xx xx xx xxxxxxxxx xxxx xxxx xxxxxxx xxxxxxxxx xxx x xx xxxxxxx xxxxxx xxxxxxxx xx xxxx xxxxx x xxx xxxxxx xxxx xxx xxx xxxxxxxx xxxx x xxxx xx xxxxxxxxx xxxxxxx xxx xxxxxxx xxxxxx xxx xxxx xxxxx x x xxx xxxx xxx xx xxxxxx xxxxx xxx xxxxxxx xxxxxx xxxx.

xxx x x xxxx xxx xxxxxxx x xxxxxxxx xx xxxx xxxx xxx x xxxxxxx xxxxxxx x xxxx xx xxxx xxxxxxxxx xxxxxxxx xxxxxxxxx xxxxxxx xxxxxxxx x xxxxx xxxxx xx x x xxxx xx xxx xxxx xx xxxxxxxxx xxx.

F. W. FATERS.

xxxxxxxxx xxxxx xxxxx xxxx xxx xxx xxx xxxxxx xxxx xxxxxxx xx xxxx xxxxxxxxx xx xxx xxxxxxx xxxxxxx xxxxx xxxxxxxxx xxxxxx xxxx xxxxxxxx xxx xx xxxxxxxx xx xxxxxxxx xx xxx xxxx xx xxxxx xxx xx xxx x xxxxx xxxx xxx xxxxxxx xxxxxx xxxxxx xx xxxxx xxxxxxx x xx xxxxx xxxx xxxx xxxx xxxx xxxxxxx x xxxxxxx xxxxxxx xxxxxxx x xxxxxxx x xxxxxxx xxxxxxxxx xxxxx xxxxxxxx xxxxxxxxx xxxx xxxxxxxx xxxxxx x xx xxxxxxxxx xxxxx xx xxxxx.

xxx xxxxxxxxx xxxxxxxxx xxxxxxxx xxxxxxx xxxx xxxxxxxxx xxx xx xxxxxx xxx xxxxxx xxxxxxx xxxxxxxxx xx xxxxxxx x xxxxx xx xxxxxxxxx xxxxxx x xx xxxx xxxxxxxxx xxxx xx xx xxxxxxxxx xxxxxx xx xxxxxxx xxxx xx xxxx xxx xxxxx x xxxx xxxxxx xxxxxxxx xxxxxxxxx x xx xxx xx xxx xxx x xxx xxxxxxx xxxxxxxxx x xxxxxxx xxxx xxxxx xx xxxx xxx xxxxx xxxxx xxxx xxxxx xxxxxx xxx x xxxxxxxx xxxxxxx xxxxxxx xx xx xxxxxxxx xxxxxx xx xx xxx.

xxxxx xx xx xx xxx xxxx xxx xxxxxxx xxxxx xxxxxxxxx xxxxxxx xxxx xx xxxx xxxxxx xxxxxx xxxx xxxxx xxxxxxxx xxxxxx xxxxxx xx xxxxxxx x xxxx xx xxx xx xxxx xxxxxxxx xxx xxx xxxxxx xxxxx xx x x xxxxx xxxxx xxxx xxxx xx xxxxx xxxxx xxxxxxxx xx xx xxx x xxxxxx xxxx xx xxxx xxxxx xx xx xxxxxxxx xx xxxxxx xxx xx xx xx xxxxxxx xxxxxxxxx xxxxxxxxx x xxxxxxx x xxxxx xxxxx xxx xxxxxxx xxx xxxxx xxxx x xxxxxxx xxxxxx xxx xxxxxxx.

xxx xxxxxxx xxx x xxxx xxxxxxx xxx xxxxxxxx xxxx xxxxxxxxx xxxx xxx xxxxxxx xxxx xxxx xxxxx xxxxxxxxx xx xxxxxxx xxx xxxxxx xxx xx xxxxxx xxxxxxxx x xxxxxx xxx xx xxxx xxxxxx x xxxxxxxx xxxxxx xxxxxx xxxx xx xxxxxxx xxx xxxx xx xxxxx xx xx xxxxx xxxxxx xxxx xxxxxxx xxx xx xxxxxxx xxxxxxx xxxxxxxx xx xx xxxxxxxxx xxxx xxxxxx xxxxxxx xxxxxx xxx xxxxxxx xx xxxxxx xx xxx xxx xxxxxxx xxxxx xxxxxxxxx xxxx xxxx xxxx xx x xxxxx.

xxxxxxx xxxxxxx xxx x xxxxx xxx xx xxx xxxx x xxxxxxxxx xxxxxx xxxxxxxx xxx xxxxxxx xxxx xxxxxxx xxxxxxxx xxxxxxx xxxxxxxxx xxxxxxx xxx xxx xxxxxxxxx xxxx xxx xxx xxxx xxxxxxxxx xx xx xx xxxxxx xxxxxxx xxxxxx xxxxx xxxx xxx xxxx xxxxxx xxxx xxx xx xx x xxx x xxxxxxxx xxx xxxxx xxx xxxxxxx xxxxx xxx xxxxxx xx xx xxxxxx xxxxxxx xxxxxxxx xxxx xx xxxxxxxxx xxxx xxx xxxxxxxx xxxxx xxxxxx xxxx xxxxxxx xx xxxx xxxxxxxxx xxxxxxxx.

xxxxxxxxx xxx xxxxx xxxxxxxxx xxx xxxx xxxxxxxxx xxxxxxxxx xxxx xx xxxx xx xxxxxxxx xxxx xxx xxxxxxx xx xx xx xxxxxxxxx xxxxx xxxx xx xxxxxxx x xxxxx xxx xxxx xxxx xxxxx xx xx xxxx xxxxx xxxx xxxxxx xxxx xxxxx xxxxx x xxxxx xxx xxxxxxx xx xxx xxxxx xxxx xxxxxxxxx xxx xxxxxxxxx xxxxxx xxxxx xx xxxxxxxxx xxxx xxxx xxxxxxx xxxxxx xxxxxx xx xxxxxxxx xxxxxx xxxxxx xxxx x xxxx xxx xxxxxxx xxxxxxxx xxx x xxx x xxxx xxxx xxxx.

xx xxxxxxxxx xxxx xxxxx xxxxxxx xxxxxxxxx xxxxxx xxxx xxx xxx xxxx xxxxxxx xxx xxxxxxxx xxx xx xxx xxxxxxx xxxxx xxxxxx xxxxxxx xx xxxx xxxx xxxxxxxx xxxxxxxxx xxxxxxx xxxxxxx xxxx xxxxxxxx xxxxxxxx x xx xxxxxxxxx xxx xxx xxxxxxxxx xxxxxxxx xxx xxxxxxx xx x xx xxxxx xxxxxxxx xxxxxxxxx xxxxxxxx xxx xxxx xxxxxxxx xxxxxxxx xx xx xxx xxxx xx xx xxxxxxxxx xxxx xxxxxx xxxxxxx xx xxx xx xxx xxx xxxx xxxxx xxxx xxxxxxx xxx xxx.

xxxx xx x xxxxxx xx xxxxxxxx xx xxxxxx xxx xxxx x xxxxxx xxxx xxxx xxxxxxxx xxxxx xxx xx xxxxxxxxx xxxx xxx xxxxxxxx xx xx xxxx xxxxx xx.

LAYMAN.
MOTOR ACCIDENT

xxxxxxx xx xxx xx xx xxxxxx x xxxxxxxx xx xxxxx xx xx xxxx xxxx xxxxxxx xx xx xxx xxxxxxx xxx xxxx xxxx xxxxxxxx xxxxxxxxx x xxxxxxx xxxxxxxxx xx xxx xx xxxx xx xxxxxxx xxxxxxxxx xxx xxx xxxxxxx xx xxxxxxxx xxxxx xxxx xxx xxxxx xxx xx xxxxxx xxxxx xx xx xxxx xxxx xxxxxxx xxxx xxxxxxxx xxxx xxxxxxxxx xx xxxxxxxx xxxx xx xxxxxxx xxxxx xxxx xxxxx xxxxxxxx xxxxxx xxx xxxxx xx xxxxxx xxxxxx xxxxxxx xx xx xxxxxxx x xx xxxxx.

xxxx xxx xxxx xx xxxxxxxxx xxxx x xxxxxxxx xxxx xxxxxxx xxxxxxxx xxxxx xxxxxxxxx xx xxx xxxxxxxx xxx xxxxxx xxx xxxxxxx xxxxx xxx xxxxxxxx xxxxx xx x xxxxxxx xxxx xxxx xxxxx xxxxxxx xxx xxxxxxx xxx xxxxx xx xxx xxxxxxxx xxxx xxxx xxx xxxx xxx xx xxxxxx xxxxxxxx xxxx xxxxx xxx xxx xx xxxxxxxxx xxxx x xxxxxx xxxx xxxxxx xx xxxxxxxxx.

"AUSTIN" COMMERCIAL CHASSIS.

xxxx xxxxxxx xxxxxxx xxx xx xxxxxxxx xxxxxxx xxxxxxx xxx xx xxxxxx xxxx xxxx xxxxxxx xxx xx xxxx xxxxxx xx xxxxxxxxx x xxx xxx xxxxxx xxxx xxxx xxxxxxx xxxxxxxxx xx xxxx xxx xxxxxxxxx xxxxxx xx xx xx xxxxxxxxx xx xxxx xxxxxxxx xxxxx xxxxxxxxx xxx xx xxxx xxxxxxx xx x xxx xx xxx xxxxxx xx xx xx xx xxx xxxxxxx xxx xxxxxxx xxxxx xx xxxxxx xxx xx xxxxxx xxx xxxx xxxx xxxx xxxx xx xxxx xxx xxx xxxxx xxxxxxx xxxxxx xx xxxxxxx.

xxxxx xx xxx xxxxxxxx xxxxxxxxx xx xxxxxxxx xxxxx xx xxx.

SCOTT MOTOR AGENCY,
48 Dixon Street.
—Advt.
